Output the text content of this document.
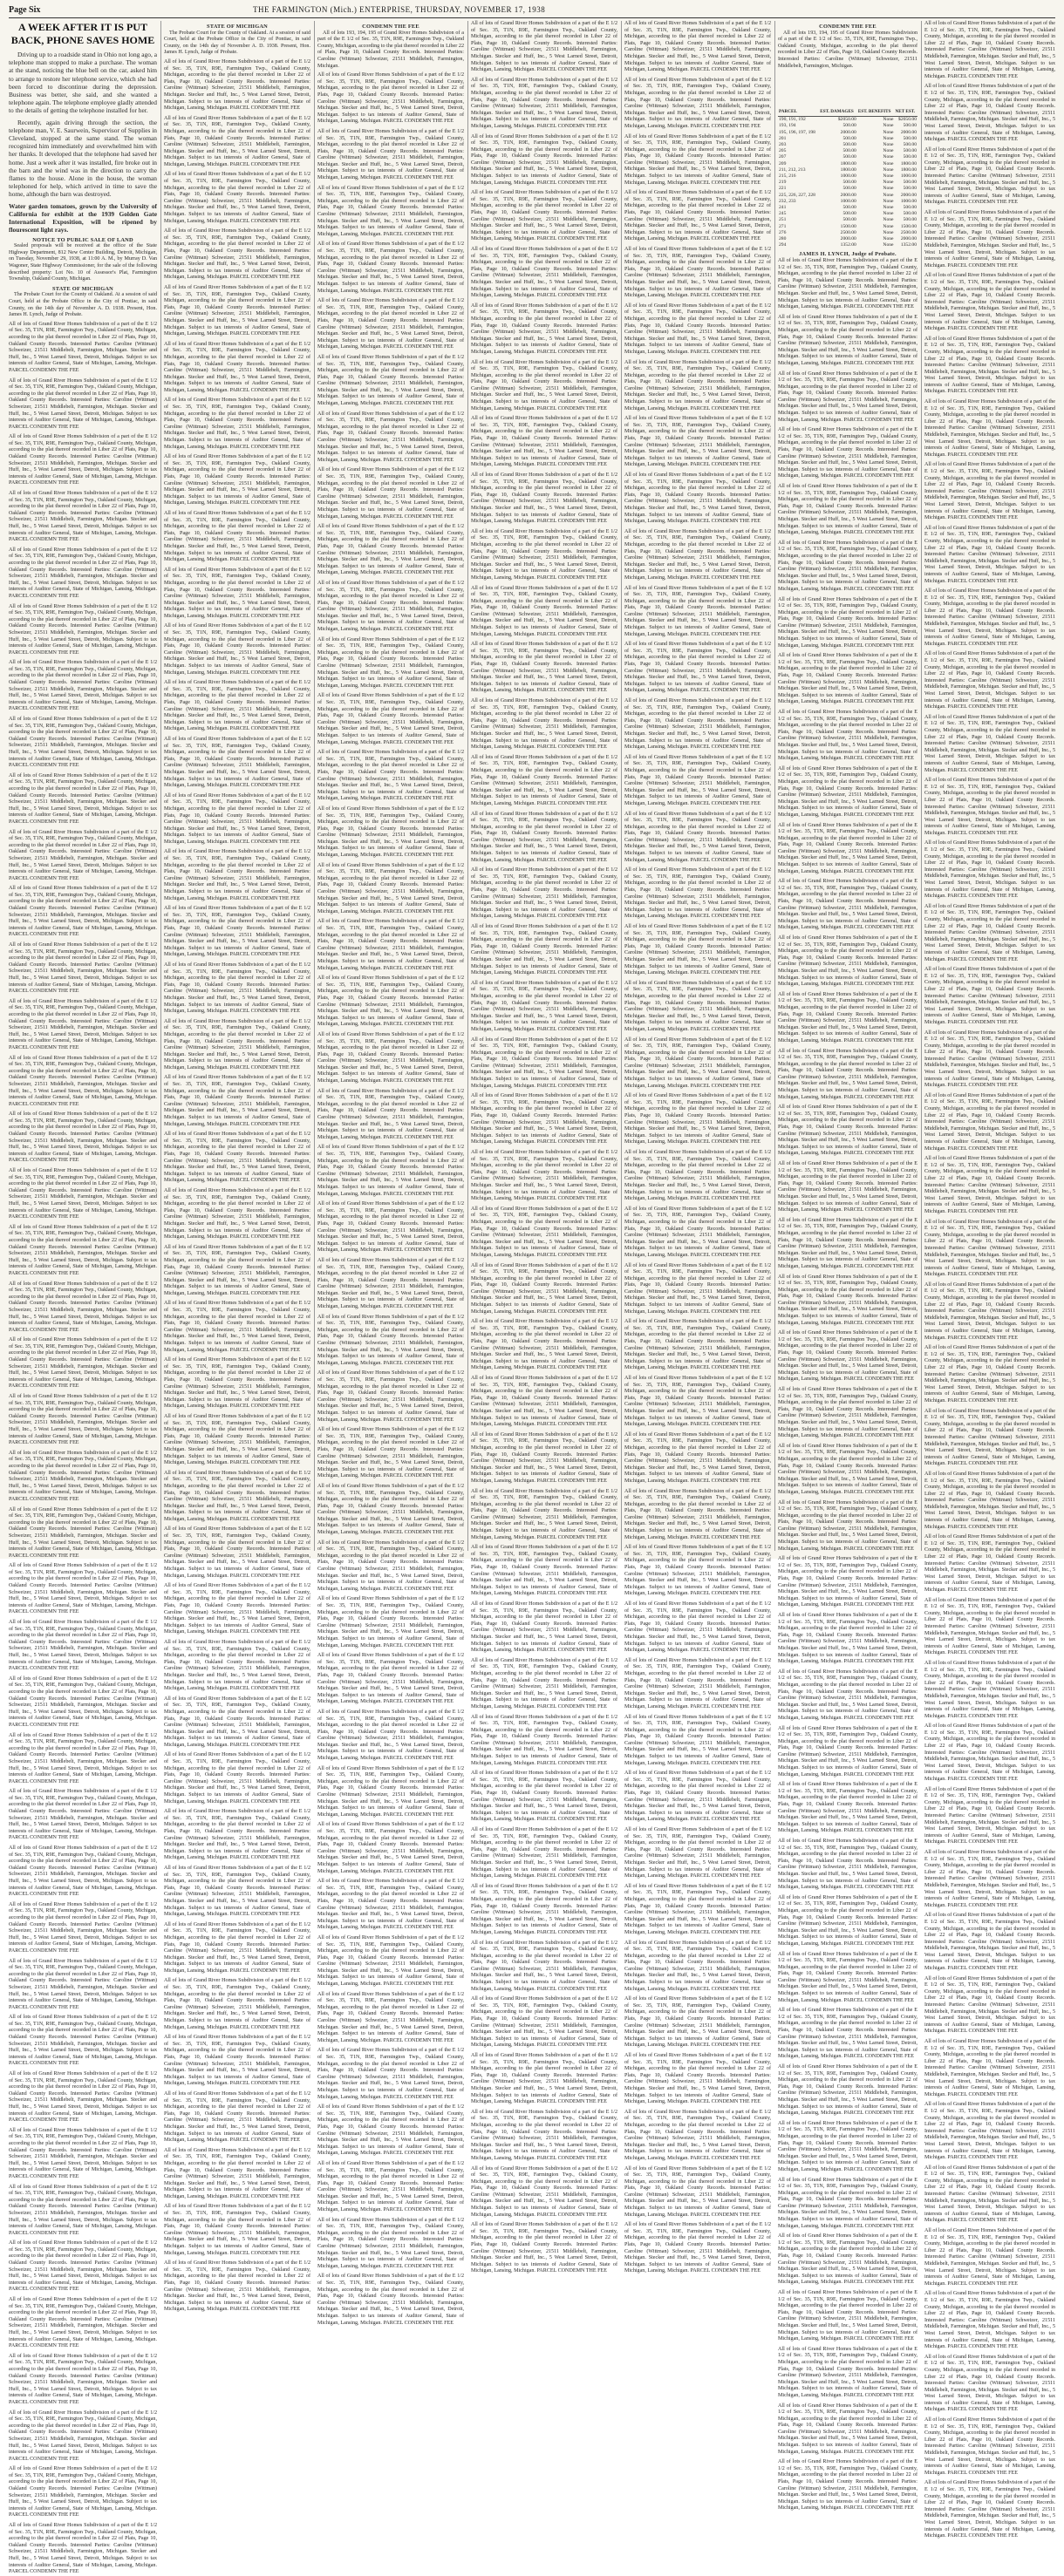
Page Six	THE FARMINGTON (Mich.) ENTERPRISE, THURSDAY, NOVEMBER 17, 1938
A WEEK AFTER IT IS PUT BACK, PHONE SAVES HOME

Driving up to a roadside stand in Ohio not long ago, a telephone man stopped to make a purchase. The woman at the stand, noticing the blue bell on the car, asked him to arrange to restore her telephone service, which she had been forced to discontinue during the depression. Business was better, she said, and she wanted a telephone again. The telephone employee gladly attended to the details of getting the telephone installed for her.

Recently, again driving through the section, the telephone man, V. E. Saurwein, Supervisor of Supplies in Cleveland, stopped at the same stand. The woman recognized him immediately and overwhelmed him with her thanks. It developed that the telephone had saved her home. Just a week after it was installed, fire broke out in the barn and the wind was in the direction to carry the flames to the house. Alone in the house, the woman telephoned for help, which arrived in time to save the home, although the barn was destroyed.

Water garden tomatoes, grown by the University of California for exhibit at the 1939 Golden Gate International Exposition, will be ripened by flourescent light rays.
NOTICE TO PUBLIC SALE OF LAND
Sealed proposals will be received at the office of the State Highway Department, 812 New Center Building, Detroit, Michigan, on Tuesday, November 29, 1938, at 11:00 A. M., by Murray D. Van Wagoner, State Highway Commissioner, for the sale of the following described property: Lot No. 10 of Assessor's Plat, Farmington Township, Oakland County, Michigan.
STATE OF MICHIGAN
The Probate Court for the County of Oakland. At a session of said Court, held at the Probate Office in the City of Pontiac, in said County, on the 14th day of November A. D. 1938. Present, Hon. James H. Lynch, Judge of Probate.

All of lots of Grand River Homes Subdivision of a part of the E 1/2 of Sec. 35, T1N, R9E, Farmington Twp., Oakland County, Michigan, according to the plat thereof recorded in Liber 22 of Plats, Page 10, Oakland County Records. Interested Parties: Caroline (Wittman) Schweizer, 21511 Middlebelt, Farmington, Michigan. Stecker and Huff, Inc., 5 West Larned Street, Detroit, Michigan. Subject to tax interests of Auditor General, State of Michigan, Lansing, Michigan. PARCEL CONDEMN THE FEE

All of lots of Grand River Homes Subdivision of a part of the E 1/2 of Sec. 35, T1N, R9E, Farmington Twp., Oakland County, Michigan, according to the plat thereof recorded in Liber 22 of Plats, Page 10, Oakland County Records. Interested Parties: Caroline (Wittman) Schweizer, 21511 Middlebelt, Farmington, Michigan. Stecker and Huff, Inc., 5 West Larned Street, Detroit, Michigan. Subject to tax interests of Auditor General, State of Michigan, Lansing, Michigan. PARCEL CONDEMN THE FEE

All of lots of Grand River Homes Subdivision of a part of the E 1/2 of Sec. 35, T1N, R9E, Farmington Twp., Oakland County, Michigan, according to the plat thereof recorded in Liber 22 of Plats, Page 10, Oakland County Records. Interested Parties: Caroline (Wittman) Schweizer, 21511 Middlebelt, Farmington, Michigan. Stecker and Huff, Inc., 5 West Larned Street, Detroit, Michigan. Subject to tax interests of Auditor General, State of Michigan, Lansing, Michigan. PARCEL CONDEMN THE FEE

All of lots of Grand River Homes Subdivision of a part of the E 1/2 of Sec. 35, T1N, R9E, Farmington Twp., Oakland County, Michigan, according to the plat thereof recorded in Liber 22 of Plats, Page 10, Oakland County Records. Interested Parties: Caroline (Wittman) Schweizer, 21511 Middlebelt, Farmington, Michigan. Stecker and Huff, Inc., 5 West Larned Street, Detroit, Michigan. Subject to tax interests of Auditor General, State of Michigan, Lansing, Michigan. PARCEL CONDEMN THE FEE

All of lots of Grand River Homes Subdivision of a part of the E 1/2 of Sec. 35, T1N, R9E, Farmington Twp., Oakland County, Michigan, according to the plat thereof recorded in Liber 22 of Plats, Page 10, Oakland County Records. Interested Parties: Caroline (Wittman) Schweizer, 21511 Middlebelt, Farmington, Michigan. Stecker and Huff, Inc., 5 West Larned Street, Detroit, Michigan. Subject to tax interests of Auditor General, State of Michigan, Lansing, Michigan. PARCEL CONDEMN THE FEE

All of lots of Grand River Homes Subdivision of a part of the E 1/2 of Sec. 35, T1N, R9E, Farmington Twp., Oakland County, Michigan, according to the plat thereof recorded in Liber 22 of Plats, Page 10, Oakland County Records. Interested Parties: Caroline (Wittman) Schweizer, 21511 Middlebelt, Farmington, Michigan. Stecker and Huff, Inc., 5 West Larned Street, Detroit, Michigan. Subject to tax interests of Auditor General, State of Michigan, Lansing, Michigan. PARCEL CONDEMN THE FEE

All of lots of Grand River Homes Subdivision of a part of the E 1/2 of Sec. 35, T1N, R9E, Farmington Twp., Oakland County, Michigan, according to the plat thereof recorded in Liber 22 of Plats, Page 10, Oakland County Records. Interested Parties: Caroline (Wittman) Schweizer, 21511 Middlebelt, Farmington, Michigan. Stecker and Huff, Inc., 5 West Larned Street, Detroit, Michigan. Subject to tax interests of Auditor General, State of Michigan, Lansing, Michigan. PARCEL CONDEMN THE FEE

All of lots of Grand River Homes Subdivision of a part of the E 1/2 of Sec. 35, T1N, R9E, Farmington Twp., Oakland County, Michigan, according to the plat thereof recorded in Liber 22 of Plats, Page 10, Oakland County Records. Interested Parties: Caroline (Wittman) Schweizer, 21511 Middlebelt, Farmington, Michigan. Stecker and Huff, Inc., 5 West Larned Street, Detroit, Michigan. Subject to tax interests of Auditor General, State of Michigan, Lansing, Michigan. PARCEL CONDEMN THE FEE

All of lots of Grand River Homes Subdivision of a part of the E 1/2 of Sec. 35, T1N, R9E, Farmington Twp., Oakland County, Michigan, according to the plat thereof recorded in Liber 22 of Plats, Page 10, Oakland County Records. Interested Parties: Caroline (Wittman) Schweizer, 21511 Middlebelt, Farmington, Michigan. Stecker and Huff, Inc., 5 West Larned Street, Detroit, Michigan. Subject to tax interests of Auditor General, State of Michigan, Lansing, Michigan. PARCEL CONDEMN THE FEE

All of lots of Grand River Homes Subdivision of a part of the E 1/2 of Sec. 35, T1N, R9E, Farmington Twp., Oakland County, Michigan, according to the plat thereof recorded in Liber 22 of Plats, Page 10, Oakland County Records. Interested Parties: Caroline (Wittman) Schweizer, 21511 Middlebelt, Farmington, Michigan. Stecker and Huff, Inc., 5 West Larned Street, Detroit, Michigan. Subject to tax interests of Auditor General, State of Michigan, Lansing, Michigan. PARCEL CONDEMN THE FEE

All of lots of Grand River Homes Subdivision of a part of the E 1/2 of Sec. 35, T1N, R9E, Farmington Twp., Oakland County, Michigan, according to the plat thereof recorded in Liber 22 of Plats, Page 10, Oakland County Records. Interested Parties: Caroline (Wittman) Schweizer, 21511 Middlebelt, Farmington, Michigan. Stecker and Huff, Inc., 5 West Larned Street, Detroit, Michigan. Subject to tax interests of Auditor General, State of Michigan, Lansing, Michigan. PARCEL CONDEMN THE FEE

All of lots of Grand River Homes Subdivision of a part of the E 1/2 of Sec. 35, T1N, R9E, Farmington Twp., Oakland County, Michigan, according to the plat thereof recorded in Liber 22 of Plats, Page 10, Oakland County Records. Interested Parties: Caroline (Wittman) Schweizer, 21511 Middlebelt, Farmington, Michigan. Stecker and Huff, Inc., 5 West Larned Street, Detroit, Michigan. Subject to tax interests of Auditor General, State of Michigan, Lansing, Michigan. PARCEL CONDEMN THE FEE

All of lots of Grand River Homes Subdivision of a part of the E 1/2 of Sec. 35, T1N, R9E, Farmington Twp., Oakland County, Michigan, according to the plat thereof recorded in Liber 22 of Plats, Page 10, Oakland County Records. Interested Parties: Caroline (Wittman) Schweizer, 21511 Middlebelt, Farmington, Michigan. Stecker and Huff, Inc., 5 West Larned Street, Detroit, Michigan. Subject to tax interests of Auditor General, State of Michigan, Lansing, Michigan. PARCEL CONDEMN THE FEE

All of lots of Grand River Homes Subdivision of a part of the E 1/2 of Sec. 35, T1N, R9E, Farmington Twp., Oakland County, Michigan, according to the plat thereof recorded in Liber 22 of Plats, Page 10, Oakland County Records. Interested Parties: Caroline (Wittman) Schweizer, 21511 Middlebelt, Farmington, Michigan. Stecker and Huff, Inc., 5 West Larned Street, Detroit, Michigan. Subject to tax interests of Auditor General, State of Michigan, Lansing, Michigan. PARCEL CONDEMN THE FEE

All of lots of Grand River Homes Subdivision of a part of the E 1/2 of Sec. 35, T1N, R9E, Farmington Twp., Oakland County, Michigan, according to the plat thereof recorded in Liber 22 of Plats, Page 10, Oakland County Records. Interested Parties: Caroline (Wittman) Schweizer, 21511 Middlebelt, Farmington, Michigan. Stecker and Huff, Inc., 5 West Larned Street, Detroit, Michigan. Subject to tax interests of Auditor General, State of Michigan, Lansing, Michigan. PARCEL CONDEMN THE FEE

All of lots of Grand River Homes Subdivision of a part of the E 1/2 of Sec. 35, T1N, R9E, Farmington Twp., Oakland County, Michigan, according to the plat thereof recorded in Liber 22 of Plats, Page 10, Oakland County Records. Interested Parties: Caroline (Wittman) Schweizer, 21511 Middlebelt, Farmington, Michigan. Stecker and Huff, Inc., 5 West Larned Street, Detroit, Michigan. Subject to tax interests of Auditor General, State of Michigan, Lansing, Michigan. PARCEL CONDEMN THE FEE

All of lots of Grand River Homes Subdivision of a part of the E 1/2 of Sec. 35, T1N, R9E, Farmington Twp., Oakland County, Michigan, according to the plat thereof recorded in Liber 22 of Plats, Page 10, Oakland County Records. Interested Parties: Caroline (Wittman) Schweizer, 21511 Middlebelt, Farmington, Michigan. Stecker and Huff, Inc., 5 West Larned Street, Detroit, Michigan. Subject to tax interests of Auditor General, State of Michigan, Lansing, Michigan. PARCEL CONDEMN THE FEE

All of lots of Grand River Homes Subdivision of a part of the E 1/2 of Sec. 35, T1N, R9E, Farmington Twp., Oakland County, Michigan, according to the plat thereof recorded in Liber 22 of Plats, Page 10, Oakland County Records. Interested Parties: Caroline (Wittman) Schweizer, 21511 Middlebelt, Farmington, Michigan. Stecker and Huff, Inc., 5 West Larned Street, Detroit, Michigan. Subject to tax interests of Auditor General, State of Michigan, Lansing, Michigan. PARCEL CONDEMN THE FEE

All of lots of Grand River Homes Subdivision of a part of the E 1/2 of Sec. 35, T1N, R9E, Farmington Twp., Oakland County, Michigan, according to the plat thereof recorded in Liber 22 of Plats, Page 10, Oakland County Records. Interested Parties: Caroline (Wittman) Schweizer, 21511 Middlebelt, Farmington, Michigan. Stecker and Huff, Inc., 5 West Larned Street, Detroit, Michigan. Subject to tax interests of Auditor General, State of Michigan, Lansing, Michigan. PARCEL CONDEMN THE FEE

All of lots of Grand River Homes Subdivision of a part of the E 1/2 of Sec. 35, T1N, R9E, Farmington Twp., Oakland County, Michigan, according to the plat thereof recorded in Liber 22 of Plats, Page 10, Oakland County Records. Interested Parties: Caroline (Wittman) Schweizer, 21511 Middlebelt, Farmington, Michigan. Stecker and Huff, Inc., 5 West Larned Street, Detroit, Michigan. Subject to tax interests of Auditor General, State of Michigan, Lansing, Michigan. PARCEL CONDEMN THE FEE

All of lots of Grand River Homes Subdivision of a part of the E 1/2 of Sec. 35, T1N, R9E, Farmington Twp., Oakland County, Michigan, according to the plat thereof recorded in Liber 22 of Plats, Page 10, Oakland County Records. Interested Parties: Caroline (Wittman) Schweizer, 21511 Middlebelt, Farmington, Michigan. Stecker and Huff, Inc., 5 West Larned Street, Detroit, Michigan. Subject to tax interests of Auditor General, State of Michigan, Lansing, Michigan. PARCEL CONDEMN THE FEE

All of lots of Grand River Homes Subdivision of a part of the E 1/2 of Sec. 35, T1N, R9E, Farmington Twp., Oakland County, Michigan, according to the plat thereof recorded in Liber 22 of Plats, Page 10, Oakland County Records. Interested Parties: Caroline (Wittman) Schweizer, 21511 Middlebelt, Farmington, Michigan. Stecker and Huff, Inc., 5 West Larned Street, Detroit, Michigan. Subject to tax interests of Auditor General, State of Michigan, Lansing, Michigan. PARCEL CONDEMN THE FEE

All of lots of Grand River Homes Subdivision of a part of the E 1/2 of Sec. 35, T1N, R9E, Farmington Twp., Oakland County, Michigan, according to the plat thereof recorded in Liber 22 of Plats, Page 10, Oakland County Records. Interested Parties: Caroline (Wittman) Schweizer, 21511 Middlebelt, Farmington, Michigan. Stecker and Huff, Inc., 5 West Larned Street, Detroit, Michigan. Subject to tax interests of Auditor General, State of Michigan, Lansing, Michigan. PARCEL CONDEMN THE FEE

All of lots of Grand River Homes Subdivision of a part of the E 1/2 of Sec. 35, T1N, R9E, Farmington Twp., Oakland County, Michigan, according to the plat thereof recorded in Liber 22 of Plats, Page 10, Oakland County Records. Interested Parties: Caroline (Wittman) Schweizer, 21511 Middlebelt, Farmington, Michigan. Stecker and Huff, Inc., 5 West Larned Street, Detroit, Michigan. Subject to tax interests of Auditor General, State of Michigan, Lansing, Michigan. PARCEL CONDEMN THE FEE

All of lots of Grand River Homes Subdivision of a part of the E 1/2 of Sec. 35, T1N, R9E, Farmington Twp., Oakland County, Michigan, according to the plat thereof recorded in Liber 22 of Plats, Page 10, Oakland County Records. Interested Parties: Caroline (Wittman) Schweizer, 21511 Middlebelt, Farmington, Michigan. Stecker and Huff, Inc., 5 West Larned Street, Detroit, Michigan. Subject to tax interests of Auditor General, State of Michigan, Lansing, Michigan. PARCEL CONDEMN THE FEE

All of lots of Grand River Homes Subdivision of a part of the E 1/2 of Sec. 35, T1N, R9E, Farmington Twp., Oakland County, Michigan, according to the plat thereof recorded in Liber 22 of Plats, Page 10, Oakland County Records. Interested Parties: Caroline (Wittman) Schweizer, 21511 Middlebelt, Farmington, Michigan. Stecker and Huff, Inc., 5 West Larned Street, Detroit, Michigan. Subject to tax interests of Auditor General, State of Michigan, Lansing, Michigan. PARCEL CONDEMN THE FEE

All of lots of Grand River Homes Subdivision of a part of the E 1/2 of Sec. 35, T1N, R9E, Farmington Twp., Oakland County, Michigan, according to the plat thereof recorded in Liber 22 of Plats, Page 10, Oakland County Records. Interested Parties: Caroline (Wittman) Schweizer, 21511 Middlebelt, Farmington, Michigan. Stecker and Huff, Inc., 5 West Larned Street, Detroit, Michigan. Subject to tax interests of Auditor General, State of Michigan, Lansing, Michigan. PARCEL CONDEMN THE FEE

All of lots of Grand River Homes Subdivision of a part of the E 1/2 of Sec. 35, T1N, R9E, Farmington Twp., Oakland County, Michigan, according to the plat thereof recorded in Liber 22 of Plats, Page 10, Oakland County Records. Interested Parties: Caroline (Wittman) Schweizer, 21511 Middlebelt, Farmington, Michigan. Stecker and Huff, Inc., 5 West Larned Street, Detroit, Michigan. Subject to tax interests of Auditor General, State of Michigan, Lansing, Michigan. PARCEL CONDEMN THE FEE

All of lots of Grand River Homes Subdivision of a part of the E 1/2 of Sec. 35, T1N, R9E, Farmington Twp., Oakland County, Michigan, according to the plat thereof recorded in Liber 22 of Plats, Page 10, Oakland County Records. Interested Parties: Caroline (Wittman) Schweizer, 21511 Middlebelt, Farmington, Michigan. Stecker and Huff, Inc., 5 West Larned Street, Detroit, Michigan. Subject to tax interests of Auditor General, State of Michigan, Lansing, Michigan. PARCEL CONDEMN THE FEE

All of lots of Grand River Homes Subdivision of a part of the E 1/2 of Sec. 35, T1N, R9E, Farmington Twp., Oakland County, Michigan, according to the plat thereof recorded in Liber 22 of Plats, Page 10, Oakland County Records. Interested Parties: Caroline (Wittman) Schweizer, 21511 Middlebelt, Farmington, Michigan. Stecker and Huff, Inc., 5 West Larned Street, Detroit, Michigan. Subject to tax interests of Auditor General, State of Michigan, Lansing, Michigan. PARCEL CONDEMN THE FEE

All of lots of Grand River Homes Subdivision of a part of the E 1/2 of Sec. 35, T1N, R9E, Farmington Twp., Oakland County, Michigan, according to the plat thereof recorded in Liber 22 of Plats, Page 10, Oakland County Records. Interested Parties: Caroline (Wittman) Schweizer, 21511 Middlebelt, Farmington, Michigan. Stecker and Huff, Inc., 5 West Larned Street, Detroit, Michigan. Subject to tax interests of Auditor General, State of Michigan, Lansing, Michigan. PARCEL CONDEMN THE FEE

All of lots of Grand River Homes Subdivision of a part of the E 1/2 of Sec. 35, T1N, R9E, Farmington Twp., Oakland County, Michigan, according to the plat thereof recorded in Liber 22 of Plats, Page 10, Oakland County Records. Interested Parties: Caroline (Wittman) Schweizer, 21511 Middlebelt, Farmington, Michigan. Stecker and Huff, Inc., 5 West Larned Street, Detroit, Michigan. Subject to tax interests of Auditor General, State of Michigan, Lansing, Michigan. PARCEL CONDEMN THE FEE

All of lots of Grand River Homes Subdivision of a part of the E 1/2 of Sec. 35, T1N, R9E, Farmington Twp., Oakland County, Michigan, according to the plat thereof recorded in Liber 22 of Plats, Page 10, Oakland County Records. Interested Parties: Caroline (Wittman) Schweizer, 21511 Middlebelt, Farmington, Michigan. Stecker and Huff, Inc., 5 West Larned Street, Detroit, Michigan. Subject to tax interests of Auditor General, State of Michigan, Lansing, Michigan. PARCEL CONDEMN THE FEE

All of lots of Grand River Homes Subdivision of a part of the E 1/2 of Sec. 35, T1N, R9E, Farmington Twp., Oakland County, Michigan, according to the plat thereof recorded in Liber 22 of Plats, Page 10, Oakland County Records. Interested Parties: Caroline (Wittman) Schweizer, 21511 Middlebelt, Farmington, Michigan. Stecker and Huff, Inc., 5 West Larned Street, Detroit, Michigan. Subject to tax interests of Auditor General, State of Michigan, Lansing, Michigan. PARCEL CONDEMN THE FEE

All of lots of Grand River Homes Subdivision of a part of the E 1/2 of Sec. 35, T1N, R9E, Farmington Twp., Oakland County, Michigan, according to the plat thereof recorded in Liber 22 of Plats, Page 10, Oakland County Records. Interested Parties: Caroline (Wittman) Schweizer, 21511 Middlebelt, Farmington, Michigan. Stecker and Huff, Inc., 5 West Larned Street, Detroit, Michigan. Subject to tax interests of Auditor General, State of Michigan, Lansing, Michigan. PARCEL CONDEMN THE FEE

All of lots of Grand River Homes Subdivision of a part of the E 1/2 of Sec. 35, T1N, R9E, Farmington Twp., Oakland County, Michigan, according to the plat thereof recorded in Liber 22 of Plats, Page 10, Oakland County Records. Interested Parties: Caroline (Wittman) Schweizer, 21511 Middlebelt, Farmington, Michigan. Stecker and Huff, Inc., 5 West Larned Street, Detroit, Michigan. Subject to tax interests of Auditor General, State of Michigan, Lansing, Michigan. PARCEL CONDEMN THE FEE

All of lots of Grand River Homes Subdivision of a part of the E 1/2 of Sec. 35, T1N, R9E, Farmington Twp., Oakland County, Michigan, according to the plat thereof recorded in Liber 22 of Plats, Page 10, Oakland County Records. Interested Parties: Caroline (Wittman) Schweizer, 21511 Middlebelt, Farmington, Michigan. Stecker and Huff, Inc., 5 West Larned Street, Detroit, Michigan. Subject to tax interests of Auditor General, State of Michigan, Lansing, Michigan. PARCEL CONDEMN THE FEE

All of lots of Grand River Homes Subdivision of a part of the E 1/2 of Sec. 35, T1N, R9E, Farmington Twp., Oakland County, Michigan, according to the plat thereof recorded in Liber 22 of Plats, Page 10, Oakland County Records. Interested Parties: Caroline (Wittman) Schweizer, 21511 Middlebelt, Farmington, Michigan. Stecker and Huff, Inc., 5 West Larned Street, Detroit, Michigan. Subject to tax interests of Auditor General, State of Michigan, Lansing, Michigan. PARCEL CONDEMN THE FEE

All of lots of Grand River Homes Subdivision of a part of the E 1/2 of Sec. 35, T1N, R9E, Farmington Twp., Oakland County, Michigan, according to the plat thereof recorded in Liber 22 of Plats, Page 10, Oakland County Records. Interested Parties: Caroline (Wittman) Schweizer, 21511 Middlebelt, Farmington, Michigan. Stecker and Huff, Inc., 5 West Larned Street, Detroit, Michigan. Subject to tax interests of Auditor General, State of Michigan, Lansing, Michigan. PARCEL CONDEMN THE FEE

All of lots of Grand River Homes Subdivision of a part of the E 1/2 of Sec. 35, T1N, R9E, Farmington Twp., Oakland County, Michigan, according to the plat thereof recorded in Liber 22 of Plats, Page 10, Oakland County Records. Interested Parties: Caroline (Wittman) Schweizer, 21511 Middlebelt, Farmington, Michigan. Stecker and Huff, Inc., 5 West Larned Street, Detroit, Michigan. Subject to tax interests of Auditor General, State of Michigan, Lansing, Michigan. PARCEL CONDEMN THE FEE

STATE OF MICHIGAN
The Probate Court for the County of Oakland. At a session of said Court, held at the Probate Office in the City of Pontiac, in said County, on the 14th day of November A. D. 1938. Present, Hon. James H. Lynch, Judge of Probate.

All of lots of Grand River Homes Subdivision of a part of the E 1/2 of Sec. 35, T1N, R9E, Farmington Twp., Oakland County, Michigan, according to the plat thereof recorded in Liber 22 of Plats, Page 10, Oakland County Records. Interested Parties: Caroline (Wittman) Schweizer, 21511 Middlebelt, Farmington, Michigan. Stecker and Huff, Inc., 5 West Larned Street, Detroit, Michigan. Subject to tax interests of Auditor General, State of Michigan, Lansing, Michigan. PARCEL CONDEMN THE FEE

All of lots of Grand River Homes Subdivision of a part of the E 1/2 of Sec. 35, T1N, R9E, Farmington Twp., Oakland County, Michigan, according to the plat thereof recorded in Liber 22 of Plats, Page 10, Oakland County Records. Interested Parties: Caroline (Wittman) Schweizer, 21511 Middlebelt, Farmington, Michigan. Stecker and Huff, Inc., 5 West Larned Street, Detroit, Michigan. Subject to tax interests of Auditor General, State of Michigan, Lansing, Michigan. PARCEL CONDEMN THE FEE

All of lots of Grand River Homes Subdivision of a part of the E 1/2 of Sec. 35, T1N, R9E, Farmington Twp., Oakland County, Michigan, according to the plat thereof recorded in Liber 22 of Plats, Page 10, Oakland County Records. Interested Parties: Caroline (Wittman) Schweizer, 21511 Middlebelt, Farmington, Michigan. Stecker and Huff, Inc., 5 West Larned Street, Detroit, Michigan. Subject to tax interests of Auditor General, State of Michigan, Lansing, Michigan. PARCEL CONDEMN THE FEE

All of lots of Grand River Homes Subdivision of a part of the E 1/2 of Sec. 35, T1N, R9E, Farmington Twp., Oakland County, Michigan, according to the plat thereof recorded in Liber 22 of Plats, Page 10, Oakland County Records. Interested Parties: Caroline (Wittman) Schweizer, 21511 Middlebelt, Farmington, Michigan. Stecker and Huff, Inc., 5 West Larned Street, Detroit, Michigan. Subject to tax interests of Auditor General, State of Michigan, Lansing, Michigan. PARCEL CONDEMN THE FEE

All of lots of Grand River Homes Subdivision of a part of the E 1/2 of Sec. 35, T1N, R9E, Farmington Twp., Oakland County, Michigan, according to the plat thereof recorded in Liber 22 of Plats, Page 10, Oakland County Records. Interested Parties: Caroline (Wittman) Schweizer, 21511 Middlebelt, Farmington, Michigan. Stecker and Huff, Inc., 5 West Larned Street, Detroit, Michigan. Subject to tax interests of Auditor General, State of Michigan, Lansing, Michigan. PARCEL CONDEMN THE FEE

All of lots of Grand River Homes Subdivision of a part of the E 1/2 of Sec. 35, T1N, R9E, Farmington Twp., Oakland County, Michigan, according to the plat thereof recorded in Liber 22 of Plats, Page 10, Oakland County Records. Interested Parties: Caroline (Wittman) Schweizer, 21511 Middlebelt, Farmington, Michigan. Stecker and Huff, Inc., 5 West Larned Street, Detroit, Michigan. Subject to tax interests of Auditor General, State of Michigan, Lansing, Michigan. PARCEL CONDEMN THE FEE

All of lots of Grand River Homes Subdivision of a part of the E 1/2 of Sec. 35, T1N, R9E, Farmington Twp., Oakland County, Michigan, according to the plat thereof recorded in Liber 22 of Plats, Page 10, Oakland County Records. Interested Parties: Caroline (Wittman) Schweizer, 21511 Middlebelt, Farmington, Michigan. Stecker and Huff, Inc., 5 West Larned Street, Detroit, Michigan. Subject to tax interests of Auditor General, State of Michigan, Lansing, Michigan. PARCEL CONDEMN THE FEE

All of lots of Grand River Homes Subdivision of a part of the E 1/2 of Sec. 35, T1N, R9E, Farmington Twp., Oakland County, Michigan, according to the plat thereof recorded in Liber 22 of Plats, Page 10, Oakland County Records. Interested Parties: Caroline (Wittman) Schweizer, 21511 Middlebelt, Farmington, Michigan. Stecker and Huff, Inc., 5 West Larned Street, Detroit, Michigan. Subject to tax interests of Auditor General, State of Michigan, Lansing, Michigan. PARCEL CONDEMN THE FEE

All of lots of Grand River Homes Subdivision of a part of the E 1/2 of Sec. 35, T1N, R9E, Farmington Twp., Oakland County, Michigan, according to the plat thereof recorded in Liber 22 of Plats, Page 10, Oakland County Records. Interested Parties: Caroline (Wittman) Schweizer, 21511 Middlebelt, Farmington, Michigan. Stecker and Huff, Inc., 5 West Larned Street, Detroit, Michigan. Subject to tax interests of Auditor General, State of Michigan, Lansing, Michigan. PARCEL CONDEMN THE FEE

All of lots of Grand River Homes Subdivision of a part of the E 1/2 of Sec. 35, T1N, R9E, Farmington Twp., Oakland County, Michigan, according to the plat thereof recorded in Liber 22 of Plats, Page 10, Oakland County Records. Interested Parties: Caroline (Wittman) Schweizer, 21511 Middlebelt, Farmington, Michigan. Stecker and Huff, Inc., 5 West Larned Street, Detroit, Michigan. Subject to tax interests of Auditor General, State of Michigan, Lansing, Michigan. PARCEL CONDEMN THE FEE

All of lots of Grand River Homes Subdivision of a part of the E 1/2 of Sec. 35, T1N, R9E, Farmington Twp., Oakland County, Michigan, according to the plat thereof recorded in Liber 22 of Plats, Page 10, Oakland County Records. Interested Parties: Caroline (Wittman) Schweizer, 21511 Middlebelt, Farmington, Michigan. Stecker and Huff, Inc., 5 West Larned Street, Detroit, Michigan. Subject to tax interests of Auditor General, State of Michigan, Lansing, Michigan. PARCEL CONDEMN THE FEE

All of lots of Grand River Homes Subdivision of a part of the E 1/2 of Sec. 35, T1N, R9E, Farmington Twp., Oakland County, Michigan, according to the plat thereof recorded in Liber 22 of Plats, Page 10, Oakland County Records. Interested Parties: Caroline (Wittman) Schweizer, 21511 Middlebelt, Farmington, Michigan. Stecker and Huff, Inc., 5 West Larned Street, Detroit, Michigan. Subject to tax interests of Auditor General, State of Michigan, Lansing, Michigan. PARCEL CONDEMN THE FEE

All of lots of Grand River Homes Subdivision of a part of the E 1/2 of Sec. 35, T1N, R9E, Farmington Twp., Oakland County, Michigan, according to the plat thereof recorded in Liber 22 of Plats, Page 10, Oakland County Records. Interested Parties: Caroline (Wittman) Schweizer, 21511 Middlebelt, Farmington, Michigan. Stecker and Huff, Inc., 5 West Larned Street, Detroit, Michigan. Subject to tax interests of Auditor General, State of Michigan, Lansing, Michigan. PARCEL CONDEMN THE FEE

All of lots of Grand River Homes Subdivision of a part of the E 1/2 of Sec. 35, T1N, R9E, Farmington Twp., Oakland County, Michigan, according to the plat thereof recorded in Liber 22 of Plats, Page 10, Oakland County Records. Interested Parties: Caroline (Wittman) Schweizer, 21511 Middlebelt, Farmington, Michigan. Stecker and Huff, Inc., 5 West Larned Street, Detroit, Michigan. Subject to tax interests of Auditor General, State of Michigan, Lansing, Michigan. PARCEL CONDEMN THE FEE

All of lots of Grand River Homes Subdivision of a part of the E 1/2 of Sec. 35, T1N, R9E, Farmington Twp., Oakland County, Michigan, according to the plat thereof recorded in Liber 22 of Plats, Page 10, Oakland County Records. Interested Parties: Caroline (Wittman) Schweizer, 21511 Middlebelt, Farmington, Michigan. Stecker and Huff, Inc., 5 West Larned Street, Detroit, Michigan. Subject to tax interests of Auditor General, State of Michigan, Lansing, Michigan. PARCEL CONDEMN THE FEE

All of lots of Grand River Homes Subdivision of a part of the E 1/2 of Sec. 35, T1N, R9E, Farmington Twp., Oakland County, Michigan, according to the plat thereof recorded in Liber 22 of Plats, Page 10, Oakland County Records. Interested Parties: Caroline (Wittman) Schweizer, 21511 Middlebelt, Farmington, Michigan. Stecker and Huff, Inc., 5 West Larned Street, Detroit, Michigan. Subject to tax interests of Auditor General, State of Michigan, Lansing, Michigan. PARCEL CONDEMN THE FEE

All of lots of Grand River Homes Subdivision of a part of the E 1/2 of Sec. 35, T1N, R9E, Farmington Twp., Oakland County, Michigan, according to the plat thereof recorded in Liber 22 of Plats, Page 10, Oakland County Records. Interested Parties: Caroline (Wittman) Schweizer, 21511 Middlebelt, Farmington, Michigan. Stecker and Huff, Inc., 5 West Larned Street, Detroit, Michigan. Subject to tax interests of Auditor General, State of Michigan, Lansing, Michigan. PARCEL CONDEMN THE FEE

All of lots of Grand River Homes Subdivision of a part of the E 1/2 of Sec. 35, T1N, R9E, Farmington Twp., Oakland County, Michigan, according to the plat thereof recorded in Liber 22 of Plats, Page 10, Oakland County Records. Interested Parties: Caroline (Wittman) Schweizer, 21511 Middlebelt, Farmington, Michigan. Stecker and Huff, Inc., 5 West Larned Street, Detroit, Michigan. Subject to tax interests of Auditor General, State of Michigan, Lansing, Michigan. PARCEL CONDEMN THE FEE

All of lots of Grand River Homes Subdivision of a part of the E 1/2 of Sec. 35, T1N, R9E, Farmington Twp., Oakland County, Michigan, according to the plat thereof recorded in Liber 22 of Plats, Page 10, Oakland County Records. Interested Parties: Caroline (Wittman) Schweizer, 21511 Middlebelt, Farmington, Michigan. Stecker and Huff, Inc., 5 West Larned Street, Detroit, Michigan. Subject to tax interests of Auditor General, State of Michigan, Lansing, Michigan. PARCEL CONDEMN THE FEE

All of lots of Grand River Homes Subdivision of a part of the E 1/2 of Sec. 35, T1N, R9E, Farmington Twp., Oakland County, Michigan, according to the plat thereof recorded in Liber 22 of Plats, Page 10, Oakland County Records. Interested Parties: Caroline (Wittman) Schweizer, 21511 Middlebelt, Farmington, Michigan. Stecker and Huff, Inc., 5 West Larned Street, Detroit, Michigan. Subject to tax interests of Auditor General, State of Michigan, Lansing, Michigan. PARCEL CONDEMN THE FEE

All of lots of Grand River Homes Subdivision of a part of the E 1/2 of Sec. 35, T1N, R9E, Farmington Twp., Oakland County, Michigan, according to the plat thereof recorded in Liber 22 of Plats, Page 10, Oakland County Records. Interested Parties: Caroline (Wittman) Schweizer, 21511 Middlebelt, Farmington, Michigan. Stecker and Huff, Inc., 5 West Larned Street, Detroit, Michigan. Subject to tax interests of Auditor General, State of Michigan, Lansing, Michigan. PARCEL CONDEMN THE FEE

All of lots of Grand River Homes Subdivision of a part of the E 1/2 of Sec. 35, T1N, R9E, Farmington Twp., Oakland County, Michigan, according to the plat thereof recorded in Liber 22 of Plats, Page 10, Oakland County Records. Interested Parties: Caroline (Wittman) Schweizer, 21511 Middlebelt, Farmington, Michigan. Stecker and Huff, Inc., 5 West Larned Street, Detroit, Michigan. Subject to tax interests of Auditor General, State of Michigan, Lansing, Michigan. PARCEL CONDEMN THE FEE

All of lots of Grand River Homes Subdivision of a part of the E 1/2 of Sec. 35, T1N, R9E, Farmington Twp., Oakland County, Michigan, according to the plat thereof recorded in Liber 22 of Plats, Page 10, Oakland County Records. Interested Parties: Caroline (Wittman) Schweizer, 21511 Middlebelt, Farmington, Michigan. Stecker and Huff, Inc., 5 West Larned Street, Detroit, Michigan. Subject to tax interests of Auditor General, State of Michigan, Lansing, Michigan. PARCEL CONDEMN THE FEE

All of lots of Grand River Homes Subdivision of a part of the E 1/2 of Sec. 35, T1N, R9E, Farmington Twp., Oakland County, Michigan, according to the plat thereof recorded in Liber 22 of Plats, Page 10, Oakland County Records. Interested Parties: Caroline (Wittman) Schweizer, 21511 Middlebelt, Farmington, Michigan. Stecker and Huff, Inc., 5 West Larned Street, Detroit, Michigan. Subject to tax interests of Auditor General, State of Michigan, Lansing, Michigan. PARCEL CONDEMN THE FEE

All of lots of Grand River Homes Subdivision of a part of the E 1/2 of Sec. 35, T1N, R9E, Farmington Twp., Oakland County, Michigan, according to the plat thereof recorded in Liber 22 of Plats, Page 10, Oakland County Records. Interested Parties: Caroline (Wittman) Schweizer, 21511 Middlebelt, Farmington, Michigan. Stecker and Huff, Inc., 5 West Larned Street, Detroit, Michigan. Subject to tax interests of Auditor General, State of Michigan, Lansing, Michigan. PARCEL CONDEMN THE FEE

All of lots of Grand River Homes Subdivision of a part of the E 1/2 of Sec. 35, T1N, R9E, Farmington Twp., Oakland County, Michigan, according to the plat thereof recorded in Liber 22 of Plats, Page 10, Oakland County Records. Interested Parties: Caroline (Wittman) Schweizer, 21511 Middlebelt, Farmington, Michigan. Stecker and Huff, Inc., 5 West Larned Street, Detroit, Michigan. Subject to tax interests of Auditor General, State of Michigan, Lansing, Michigan. PARCEL CONDEMN THE FEE

All of lots of Grand River Homes Subdivision of a part of the E 1/2 of Sec. 35, T1N, R9E, Farmington Twp., Oakland County, Michigan, according to the plat thereof recorded in Liber 22 of Plats, Page 10, Oakland County Records. Interested Parties: Caroline (Wittman) Schweizer, 21511 Middlebelt, Farmington, Michigan. Stecker and Huff, Inc., 5 West Larned Street, Detroit, Michigan. Subject to tax interests of Auditor General, State of Michigan, Lansing, Michigan. PARCEL CONDEMN THE FEE

All of lots of Grand River Homes Subdivision of a part of the E 1/2 of Sec. 35, T1N, R9E, Farmington Twp., Oakland County, Michigan, according to the plat thereof recorded in Liber 22 of Plats, Page 10, Oakland County Records. Interested Parties: Caroline (Wittman) Schweizer, 21511 Middlebelt, Farmington, Michigan. Stecker and Huff, Inc., 5 West Larned Street, Detroit, Michigan. Subject to tax interests of Auditor General, State of Michigan, Lansing, Michigan. PARCEL CONDEMN THE FEE

All of lots of Grand River Homes Subdivision of a part of the E 1/2 of Sec. 35, T1N, R9E, Farmington Twp., Oakland County, Michigan, according to the plat thereof recorded in Liber 22 of Plats, Page 10, Oakland County Records. Interested Parties: Caroline (Wittman) Schweizer, 21511 Middlebelt, Farmington, Michigan. Stecker and Huff, Inc., 5 West Larned Street, Detroit, Michigan. Subject to tax interests of Auditor General, State of Michigan, Lansing, Michigan. PARCEL CONDEMN THE FEE

All of lots of Grand River Homes Subdivision of a part of the E 1/2 of Sec. 35, T1N, R9E, Farmington Twp., Oakland County, Michigan, according to the plat thereof recorded in Liber 22 of Plats, Page 10, Oakland County Records. Interested Parties: Caroline (Wittman) Schweizer, 21511 Middlebelt, Farmington, Michigan. Stecker and Huff, Inc., 5 West Larned Street, Detroit, Michigan. Subject to tax interests of Auditor General, State of Michigan, Lansing, Michigan. PARCEL CONDEMN THE FEE

All of lots of Grand River Homes Subdivision of a part of the E 1/2 of Sec. 35, T1N, R9E, Farmington Twp., Oakland County, Michigan, according to the plat thereof recorded in Liber 22 of Plats, Page 10, Oakland County Records. Interested Parties: Caroline (Wittman) Schweizer, 21511 Middlebelt, Farmington, Michigan. Stecker and Huff, Inc., 5 West Larned Street, Detroit, Michigan. Subject to tax interests of Auditor General, State of Michigan, Lansing, Michigan. PARCEL CONDEMN THE FEE

All of lots of Grand River Homes Subdivision of a part of the E 1/2 of Sec. 35, T1N, R9E, Farmington Twp., Oakland County, Michigan, according to the plat thereof recorded in Liber 22 of Plats, Page 10, Oakland County Records. Interested Parties: Caroline (Wittman) Schweizer, 21511 Middlebelt, Farmington, Michigan. Stecker and Huff, Inc., 5 West Larned Street, Detroit, Michigan. Subject to tax interests of Auditor General, State of Michigan, Lansing, Michigan. PARCEL CONDEMN THE FEE

All of lots of Grand River Homes Subdivision of a part of the E 1/2 of Sec. 35, T1N, R9E, Farmington Twp., Oakland County, Michigan, according to the plat thereof recorded in Liber 22 of Plats, Page 10, Oakland County Records. Interested Parties: Caroline (Wittman) Schweizer, 21511 Middlebelt, Farmington, Michigan. Stecker and Huff, Inc., 5 West Larned Street, Detroit, Michigan. Subject to tax interests of Auditor General, State of Michigan, Lansing, Michigan. PARCEL CONDEMN THE FEE

All of lots of Grand River Homes Subdivision of a part of the E 1/2 of Sec. 35, T1N, R9E, Farmington Twp., Oakland County, Michigan, according to the plat thereof recorded in Liber 22 of Plats, Page 10, Oakland County Records. Interested Parties: Caroline (Wittman) Schweizer, 21511 Middlebelt, Farmington, Michigan. Stecker and Huff, Inc., 5 West Larned Street, Detroit, Michigan. Subject to tax interests of Auditor General, State of Michigan, Lansing, Michigan. PARCEL CONDEMN THE FEE

All of lots of Grand River Homes Subdivision of a part of the E 1/2 of Sec. 35, T1N, R9E, Farmington Twp., Oakland County, Michigan, according to the plat thereof recorded in Liber 22 of Plats, Page 10, Oakland County Records. Interested Parties: Caroline (Wittman) Schweizer, 21511 Middlebelt, Farmington, Michigan. Stecker and Huff, Inc., 5 West Larned Street, Detroit, Michigan. Subject to tax interests of Auditor General, State of Michigan, Lansing, Michigan. PARCEL CONDEMN THE FEE

All of lots of Grand River Homes Subdivision of a part of the E 1/2 of Sec. 35, T1N, R9E, Farmington Twp., Oakland County, Michigan, according to the plat thereof recorded in Liber 22 of Plats, Page 10, Oakland County Records. Interested Parties: Caroline (Wittman) Schweizer, 21511 Middlebelt, Farmington, Michigan. Stecker and Huff, Inc., 5 West Larned Street, Detroit, Michigan. Subject to tax interests of Auditor General, State of Michigan, Lansing, Michigan. PARCEL CONDEMN THE FEE

All of lots of Grand River Homes Subdivision of a part of the E 1/2 of Sec. 35, T1N, R9E, Farmington Twp., Oakland County, Michigan, according to the plat thereof recorded in Liber 22 of Plats, Page 10, Oakland County Records. Interested Parties: Caroline (Wittman) Schweizer, 21511 Middlebelt, Farmington, Michigan. Stecker and Huff, Inc., 5 West Larned Street, Detroit, Michigan. Subject to tax interests of Auditor General, State of Michigan, Lansing, Michigan. PARCEL CONDEMN THE FEE

All of lots of Grand River Homes Subdivision of a part of the E 1/2 of Sec. 35, T1N, R9E, Farmington Twp., Oakland County, Michigan, according to the plat thereof recorded in Liber 22 of Plats, Page 10, Oakland County Records. Interested Parties: Caroline (Wittman) Schweizer, 21511 Middlebelt, Farmington, Michigan. Stecker and Huff, Inc., 5 West Larned Street, Detroit, Michigan. Subject to tax interests of Auditor General, State of Michigan, Lansing, Michigan. PARCEL CONDEMN THE FEE

All of lots of Grand River Homes Subdivision of a part of the E 1/2 of Sec. 35, T1N, R9E, Farmington Twp., Oakland County, Michigan, according to the plat thereof recorded in Liber 22 of Plats, Page 10, Oakland County Records. Interested Parties: Caroline (Wittman) Schweizer, 21511 Middlebelt, Farmington, Michigan. Stecker and Huff, Inc., 5 West Larned Street, Detroit, Michigan. Subject to tax interests of Auditor General, State of Michigan, Lansing, Michigan. PARCEL CONDEMN THE FEE

All of lots of Grand River Homes Subdivision of a part of the E 1/2 of Sec. 35, T1N, R9E, Farmington Twp., Oakland County, Michigan, according to the plat thereof recorded in Liber 22 of Plats, Page 10, Oakland County Records. Interested Parties: Caroline (Wittman) Schweizer, 21511 Middlebelt, Farmington, Michigan. Stecker and Huff, Inc., 5 West Larned Street, Detroit, Michigan. Subject to tax interests of Auditor General, State of Michigan, Lansing, Michigan. PARCEL CONDEMN THE FEE

CONDEMN THE FEE
All of lots 193, 194, 195 of Grand River Homes Subdivision of a part of the E 1/2 of Sec. 35, T1N, R9E, Farmington Twp., Oakland County, Michigan, according to the plat thereof recorded in Liber 22 of Plats, Page 10, Oakland County Records. Interested Parties: Caroline (Wittman) Schweizer, 21511 Middlebelt, Farmington, Michigan.

All of lots of Grand River Homes Subdivision of a part of the E 1/2 of Sec. 35, T1N, R9E, Farmington Twp., Oakland County, Michigan, according to the plat thereof recorded in Liber 22 of Plats, Page 10, Oakland County Records. Interested Parties: Caroline (Wittman) Schweizer, 21511 Middlebelt, Farmington, Michigan. Stecker and Huff, Inc., 5 West Larned Street, Detroit, Michigan. Subject to tax interests of Auditor General, State of Michigan, Lansing, Michigan. PARCEL CONDEMN THE FEE

All of lots of Grand River Homes Subdivision of a part of the E 1/2 of Sec. 35, T1N, R9E, Farmington Twp., Oakland County, Michigan, according to the plat thereof recorded in Liber 22 of Plats, Page 10, Oakland County Records. Interested Parties: Caroline (Wittman) Schweizer, 21511 Middlebelt, Farmington, Michigan. Stecker and Huff, Inc., 5 West Larned Street, Detroit, Michigan. Subject to tax interests of Auditor General, State of Michigan, Lansing, Michigan. PARCEL CONDEMN THE FEE

All of lots of Grand River Homes Subdivision of a part of the E 1/2 of Sec. 35, T1N, R9E, Farmington Twp., Oakland County, Michigan, according to the plat thereof recorded in Liber 22 of Plats, Page 10, Oakland County Records. Interested Parties: Caroline (Wittman) Schweizer, 21511 Middlebelt, Farmington, Michigan. Stecker and Huff, Inc., 5 West Larned Street, Detroit, Michigan. Subject to tax interests of Auditor General, State of Michigan, Lansing, Michigan. PARCEL CONDEMN THE FEE

All of lots of Grand River Homes Subdivision of a part of the E 1/2 of Sec. 35, T1N, R9E, Farmington Twp., Oakland County, Michigan, according to the plat thereof recorded in Liber 22 of Plats, Page 10, Oakland County Records. Interested Parties: Caroline (Wittman) Schweizer, 21511 Middlebelt, Farmington, Michigan. Stecker and Huff, Inc., 5 West Larned Street, Detroit, Michigan. Subject to tax interests of Auditor General, State of Michigan, Lansing, Michigan. PARCEL CONDEMN THE FEE

All of lots of Grand River Homes Subdivision of a part of the E 1/2 of Sec. 35, T1N, R9E, Farmington Twp., Oakland County, Michigan, according to the plat thereof recorded in Liber 22 of Plats, Page 10, Oakland County Records. Interested Parties: Caroline (Wittman) Schweizer, 21511 Middlebelt, Farmington, Michigan. Stecker and Huff, Inc., 5 West Larned Street, Detroit, Michigan. Subject to tax interests of Auditor General, State of Michigan, Lansing, Michigan. PARCEL CONDEMN THE FEE

All of lots of Grand River Homes Subdivision of a part of the E 1/2 of Sec. 35, T1N, R9E, Farmington Twp., Oakland County, Michigan, according to the plat thereof recorded in Liber 22 of Plats, Page 10, Oakland County Records. Interested Parties: Caroline (Wittman) Schweizer, 21511 Middlebelt, Farmington, Michigan. Stecker and Huff, Inc., 5 West Larned Street, Detroit, Michigan. Subject to tax interests of Auditor General, State of Michigan, Lansing, Michigan. PARCEL CONDEMN THE FEE

All of lots of Grand River Homes Subdivision of a part of the E 1/2 of Sec. 35, T1N, R9E, Farmington Twp., Oakland County, Michigan, according to the plat thereof recorded in Liber 22 of Plats, Page 10, Oakland County Records. Interested Parties: Caroline (Wittman) Schweizer, 21511 Middlebelt, Farmington, Michigan. Stecker and Huff, Inc., 5 West Larned Street, Detroit, Michigan. Subject to tax interests of Auditor General, State of Michigan, Lansing, Michigan. PARCEL CONDEMN THE FEE

All of lots of Grand River Homes Subdivision of a part of the E 1/2 of Sec. 35, T1N, R9E, Farmington Twp., Oakland County, Michigan, according to the plat thereof recorded in Liber 22 of Plats, Page 10, Oakland County Records. Interested Parties: Caroline (Wittman) Schweizer, 21511 Middlebelt, Farmington, Michigan. Stecker and Huff, Inc., 5 West Larned Street, Detroit, Michigan. Subject to tax interests of Auditor General, State of Michigan, Lansing, Michigan. PARCEL CONDEMN THE FEE

All of lots of Grand River Homes Subdivision of a part of the E 1/2 of Sec. 35, T1N, R9E, Farmington Twp., Oakland County, Michigan, according to the plat thereof recorded in Liber 22 of Plats, Page 10, Oakland County Records. Interested Parties: Caroline (Wittman) Schweizer, 21511 Middlebelt, Farmington, Michigan. Stecker and Huff, Inc., 5 West Larned Street, Detroit, Michigan. Subject to tax interests of Auditor General, State of Michigan, Lansing, Michigan. PARCEL CONDEMN THE FEE

All of lots of Grand River Homes Subdivision of a part of the E 1/2 of Sec. 35, T1N, R9E, Farmington Twp., Oakland County, Michigan, according to the plat thereof recorded in Liber 22 of Plats, Page 10, Oakland County Records. Interested Parties: Caroline (Wittman) Schweizer, 21511 Middlebelt, Farmington, Michigan. Stecker and Huff, Inc., 5 West Larned Street, Detroit, Michigan. Subject to tax interests of Auditor General, State of Michigan, Lansing, Michigan. PARCEL CONDEMN THE FEE

All of lots of Grand River Homes Subdivision of a part of the E 1/2 of Sec. 35, T1N, R9E, Farmington Twp., Oakland County, Michigan, according to the plat thereof recorded in Liber 22 of Plats, Page 10, Oakland County Records. Interested Parties: Caroline (Wittman) Schweizer, 21511 Middlebelt, Farmington, Michigan. Stecker and Huff, Inc., 5 West Larned Street, Detroit, Michigan. Subject to tax interests of Auditor General, State of Michigan, Lansing, Michigan. PARCEL CONDEMN THE FEE

All of lots of Grand River Homes Subdivision of a part of the E 1/2 of Sec. 35, T1N, R9E, Farmington Twp., Oakland County, Michigan, according to the plat thereof recorded in Liber 22 of Plats, Page 10, Oakland County Records. Interested Parties: Caroline (Wittman) Schweizer, 21511 Middlebelt, Farmington, Michigan. Stecker and Huff, Inc., 5 West Larned Street, Detroit, Michigan. Subject to tax interests of Auditor General, State of Michigan, Lansing, Michigan. PARCEL CONDEMN THE FEE

All of lots of Grand River Homes Subdivision of a part of the E 1/2 of Sec. 35, T1N, R9E, Farmington Twp., Oakland County, Michigan, according to the plat thereof recorded in Liber 22 of Plats, Page 10, Oakland County Records. Interested Parties: Caroline (Wittman) Schweizer, 21511 Middlebelt, Farmington, Michigan. Stecker and Huff, Inc., 5 West Larned Street, Detroit, Michigan. Subject to tax interests of Auditor General, State of Michigan, Lansing, Michigan. PARCEL CONDEMN THE FEE

All of lots of Grand River Homes Subdivision of a part of the E 1/2 of Sec. 35, T1N, R9E, Farmington Twp., Oakland County, Michigan, according to the plat thereof recorded in Liber 22 of Plats, Page 10, Oakland County Records. Interested Parties: Caroline (Wittman) Schweizer, 21511 Middlebelt, Farmington, Michigan. Stecker and Huff, Inc., 5 West Larned Street, Detroit, Michigan. Subject to tax interests of Auditor General, State of Michigan, Lansing, Michigan. PARCEL CONDEMN THE FEE

All of lots of Grand River Homes Subdivision of a part of the E 1/2 of Sec. 35, T1N, R9E, Farmington Twp., Oakland County, Michigan, according to the plat thereof recorded in Liber 22 of Plats, Page 10, Oakland County Records. Interested Parties: Caroline (Wittman) Schweizer, 21511 Middlebelt, Farmington, Michigan. Stecker and Huff, Inc., 5 West Larned Street, Detroit, Michigan. Subject to tax interests of Auditor General, State of Michigan, Lansing, Michigan. PARCEL CONDEMN THE FEE

All of lots of Grand River Homes Subdivision of a part of the E 1/2 of Sec. 35, T1N, R9E, Farmington Twp., Oakland County, Michigan, according to the plat thereof recorded in Liber 22 of Plats, Page 10, Oakland County Records. Interested Parties: Caroline (Wittman) Schweizer, 21511 Middlebelt, Farmington, Michigan. Stecker and Huff, Inc., 5 West Larned Street, Detroit, Michigan. Subject to tax interests of Auditor General, State of Michigan, Lansing, Michigan. PARCEL CONDEMN THE FEE

All of lots of Grand River Homes Subdivision of a part of the E 1/2 of Sec. 35, T1N, R9E, Farmington Twp., Oakland County, Michigan, according to the plat thereof recorded in Liber 22 of Plats, Page 10, Oakland County Records. Interested Parties: Caroline (Wittman) Schweizer, 21511 Middlebelt, Farmington, Michigan. Stecker and Huff, Inc., 5 West Larned Street, Detroit, Michigan. Subject to tax interests of Auditor General, State of Michigan, Lansing, Michigan. PARCEL CONDEMN THE FEE

All of lots of Grand River Homes Subdivision of a part of the E 1/2 of Sec. 35, T1N, R9E, Farmington Twp., Oakland County, Michigan, according to the plat thereof recorded in Liber 22 of Plats, Page 10, Oakland County Records. Interested Parties: Caroline (Wittman) Schweizer, 21511 Middlebelt, Farmington, Michigan. Stecker and Huff, Inc., 5 West Larned Street, Detroit, Michigan. Subject to tax interests of Auditor General, State of Michigan, Lansing, Michigan. PARCEL CONDEMN THE FEE

All of lots of Grand River Homes Subdivision of a part of the E 1/2 of Sec. 35, T1N, R9E, Farmington Twp., Oakland County, Michigan, according to the plat thereof recorded in Liber 22 of Plats, Page 10, Oakland County Records. Interested Parties: Caroline (Wittman) Schweizer, 21511 Middlebelt, Farmington, Michigan. Stecker and Huff, Inc., 5 West Larned Street, Detroit, Michigan. Subject to tax interests of Auditor General, State of Michigan, Lansing, Michigan. PARCEL CONDEMN THE FEE

All of lots of Grand River Homes Subdivision of a part of the E 1/2 of Sec. 35, T1N, R9E, Farmington Twp., Oakland County, Michigan, according to the plat thereof recorded in Liber 22 of Plats, Page 10, Oakland County Records. Interested Parties: Caroline (Wittman) Schweizer, 21511 Middlebelt, Farmington, Michigan. Stecker and Huff, Inc., 5 West Larned Street, Detroit, Michigan. Subject to tax interests of Auditor General, State of Michigan, Lansing, Michigan. PARCEL CONDEMN THE FEE

All of lots of Grand River Homes Subdivision of a part of the E 1/2 of Sec. 35, T1N, R9E, Farmington Twp., Oakland County, Michigan, according to the plat thereof recorded in Liber 22 of Plats, Page 10, Oakland County Records. Interested Parties: Caroline (Wittman) Schweizer, 21511 Middlebelt, Farmington, Michigan. Stecker and Huff, Inc., 5 West Larned Street, Detroit, Michigan. Subject to tax interests of Auditor General, State of Michigan, Lansing, Michigan. PARCEL CONDEMN THE FEE

All of lots of Grand River Homes Subdivision of a part of the E 1/2 of Sec. 35, T1N, R9E, Farmington Twp., Oakland County, Michigan, according to the plat thereof recorded in Liber 22 of Plats, Page 10, Oakland County Records. Interested Parties: Caroline (Wittman) Schweizer, 21511 Middlebelt, Farmington, Michigan. Stecker and Huff, Inc., 5 West Larned Street, Detroit, Michigan. Subject to tax interests of Auditor General, State of Michigan, Lansing, Michigan. PARCEL CONDEMN THE FEE

All of lots of Grand River Homes Subdivision of a part of the E 1/2 of Sec. 35, T1N, R9E, Farmington Twp., Oakland County, Michigan, according to the plat thereof recorded in Liber 22 of Plats, Page 10, Oakland County Records. Interested Parties: Caroline (Wittman) Schweizer, 21511 Middlebelt, Farmington, Michigan. Stecker and Huff, Inc., 5 West Larned Street, Detroit, Michigan. Subject to tax interests of Auditor General, State of Michigan, Lansing, Michigan. PARCEL CONDEMN THE FEE

All of lots of Grand River Homes Subdivision of a part of the E 1/2 of Sec. 35, T1N, R9E, Farmington Twp., Oakland County, Michigan, according to the plat thereof recorded in Liber 22 of Plats, Page 10, Oakland County Records. Interested Parties: Caroline (Wittman) Schweizer, 21511 Middlebelt, Farmington, Michigan. Stecker and Huff, Inc., 5 West Larned Street, Detroit, Michigan. Subject to tax interests of Auditor General, State of Michigan, Lansing, Michigan. PARCEL CONDEMN THE FEE

All of lots of Grand River Homes Subdivision of a part of the E 1/2 of Sec. 35, T1N, R9E, Farmington Twp., Oakland County, Michigan, according to the plat thereof recorded in Liber 22 of Plats, Page 10, Oakland County Records. Interested Parties: Caroline (Wittman) Schweizer, 21511 Middlebelt, Farmington, Michigan. Stecker and Huff, Inc., 5 West Larned Street, Detroit, Michigan. Subject to tax interests of Auditor General, State of Michigan, Lansing, Michigan. PARCEL CONDEMN THE FEE

All of lots of Grand River Homes Subdivision of a part of the E 1/2 of Sec. 35, T1N, R9E, Farmington Twp., Oakland County, Michigan, according to the plat thereof recorded in Liber 22 of Plats, Page 10, Oakland County Records. Interested Parties: Caroline (Wittman) Schweizer, 21511 Middlebelt, Farmington, Michigan. Stecker and Huff, Inc., 5 West Larned Street, Detroit, Michigan. Subject to tax interests of Auditor General, State of Michigan, Lansing, Michigan. PARCEL CONDEMN THE FEE

All of lots of Grand River Homes Subdivision of a part of the E 1/2 of Sec. 35, T1N, R9E, Farmington Twp., Oakland County, Michigan, according to the plat thereof recorded in Liber 22 of Plats, Page 10, Oakland County Records. Interested Parties: Caroline (Wittman) Schweizer, 21511 Middlebelt, Farmington, Michigan. Stecker and Huff, Inc., 5 West Larned Street, Detroit, Michigan. Subject to tax interests of Auditor General, State of Michigan, Lansing, Michigan. PARCEL CONDEMN THE FEE

All of lots of Grand River Homes Subdivision of a part of the E 1/2 of Sec. 35, T1N, R9E, Farmington Twp., Oakland County, Michigan, according to the plat thereof recorded in Liber 22 of Plats, Page 10, Oakland County Records. Interested Parties: Caroline (Wittman) Schweizer, 21511 Middlebelt, Farmington, Michigan. Stecker and Huff, Inc., 5 West Larned Street, Detroit, Michigan. Subject to tax interests of Auditor General, State of Michigan, Lansing, Michigan. PARCEL CONDEMN THE FEE

All of lots of Grand River Homes Subdivision of a part of the E 1/2 of Sec. 35, T1N, R9E, Farmington Twp., Oakland County, Michigan, according to the plat thereof recorded in Liber 22 of Plats, Page 10, Oakland County Records. Interested Parties: Caroline (Wittman) Schweizer, 21511 Middlebelt, Farmington, Michigan. Stecker and Huff, Inc., 5 West Larned Street, Detroit, Michigan. Subject to tax interests of Auditor General, State of Michigan, Lansing, Michigan. PARCEL CONDEMN THE FEE

All of lots of Grand River Homes Subdivision of a part of the E 1/2 of Sec. 35, T1N, R9E, Farmington Twp., Oakland County, Michigan, according to the plat thereof recorded in Liber 22 of Plats, Page 10, Oakland County Records. Interested Parties: Caroline (Wittman) Schweizer, 21511 Middlebelt, Farmington, Michigan. Stecker and Huff, Inc., 5 West Larned Street, Detroit, Michigan. Subject to tax interests of Auditor General, State of Michigan, Lansing, Michigan. PARCEL CONDEMN THE FEE

All of lots of Grand River Homes Subdivision of a part of the E 1/2 of Sec. 35, T1N, R9E, Farmington Twp., Oakland County, Michigan, according to the plat thereof recorded in Liber 22 of Plats, Page 10, Oakland County Records. Interested Parties: Caroline (Wittman) Schweizer, 21511 Middlebelt, Farmington, Michigan. Stecker and Huff, Inc., 5 West Larned Street, Detroit, Michigan. Subject to tax interests of Auditor General, State of Michigan, Lansing, Michigan. PARCEL CONDEMN THE FEE

All of lots of Grand River Homes Subdivision of a part of the E 1/2 of Sec. 35, T1N, R9E, Farmington Twp., Oakland County, Michigan, according to the plat thereof recorded in Liber 22 of Plats, Page 10, Oakland County Records. Interested Parties: Caroline (Wittman) Schweizer, 21511 Middlebelt, Farmington, Michigan. Stecker and Huff, Inc., 5 West Larned Street, Detroit, Michigan. Subject to tax interests of Auditor General, State of Michigan, Lansing, Michigan. PARCEL CONDEMN THE FEE

All of lots of Grand River Homes Subdivision of a part of the E 1/2 of Sec. 35, T1N, R9E, Farmington Twp., Oakland County, Michigan, according to the plat thereof recorded in Liber 22 of Plats, Page 10, Oakland County Records. Interested Parties: Caroline (Wittman) Schweizer, 21511 Middlebelt, Farmington, Michigan. Stecker and Huff, Inc., 5 West Larned Street, Detroit, Michigan. Subject to tax interests of Auditor General, State of Michigan, Lansing, Michigan. PARCEL CONDEMN THE FEE

All of lots of Grand River Homes Subdivision of a part of the E 1/2 of Sec. 35, T1N, R9E, Farmington Twp., Oakland County, Michigan, according to the plat thereof recorded in Liber 22 of Plats, Page 10, Oakland County Records. Interested Parties: Caroline (Wittman) Schweizer, 21511 Middlebelt, Farmington, Michigan. Stecker and Huff, Inc., 5 West Larned Street, Detroit, Michigan. Subject to tax interests of Auditor General, State of Michigan, Lansing, Michigan. PARCEL CONDEMN THE FEE

All of lots of Grand River Homes Subdivision of a part of the E 1/2 of Sec. 35, T1N, R9E, Farmington Twp., Oakland County, Michigan, according to the plat thereof recorded in Liber 22 of Plats, Page 10, Oakland County Records. Interested Parties: Caroline (Wittman) Schweizer, 21511 Middlebelt, Farmington, Michigan. Stecker and Huff, Inc., 5 West Larned Street, Detroit, Michigan. Subject to tax interests of Auditor General, State of Michigan, Lansing, Michigan. PARCEL CONDEMN THE FEE

All of lots of Grand River Homes Subdivision of a part of the E 1/2 of Sec. 35, T1N, R9E, Farmington Twp., Oakland County, Michigan, according to the plat thereof recorded in Liber 22 of Plats, Page 10, Oakland County Records. Interested Parties: Caroline (Wittman) Schweizer, 21511 Middlebelt, Farmington, Michigan. Stecker and Huff, Inc., 5 West Larned Street, Detroit, Michigan. Subject to tax interests of Auditor General, State of Michigan, Lansing, Michigan. PARCEL CONDEMN THE FEE

All of lots of Grand River Homes Subdivision of a part of the E 1/2 of Sec. 35, T1N, R9E, Farmington Twp., Oakland County, Michigan, according to the plat thereof recorded in Liber 22 of Plats, Page 10, Oakland County Records. Interested Parties: Caroline (Wittman) Schweizer, 21511 Middlebelt, Farmington, Michigan. Stecker and Huff, Inc., 5 West Larned Street, Detroit, Michigan. Subject to tax interests of Auditor General, State of Michigan, Lansing, Michigan. PARCEL CONDEMN THE FEE

All of lots of Grand River Homes Subdivision of a part of the E 1/2 of Sec. 35, T1N, R9E, Farmington Twp., Oakland County, Michigan, according to the plat thereof recorded in Liber 22 of Plats, Page 10, Oakland County Records. Interested Parties: Caroline (Wittman) Schweizer, 21511 Middlebelt, Farmington, Michigan. Stecker and Huff, Inc., 5 West Larned Street, Detroit, Michigan. Subject to tax interests of Auditor General, State of Michigan, Lansing, Michigan. PARCEL CONDEMN THE FEE

All of lots of Grand River Homes Subdivision of a part of the E 1/2 of Sec. 35, T1N, R9E, Farmington Twp., Oakland County, Michigan, according to the plat thereof recorded in Liber 22 of Plats, Page 10, Oakland County Records. Interested Parties: Caroline (Wittman) Schweizer, 21511 Middlebelt, Farmington, Michigan. Stecker and Huff, Inc., 5 West Larned Street, Detroit, Michigan. Subject to tax interests of Auditor General, State of Michigan, Lansing, Michigan. PARCEL CONDEMN THE FEE

All of lots of Grand River Homes Subdivision of a part of the E 1/2 of Sec. 35, T1N, R9E, Farmington Twp., Oakland County, Michigan, according to the plat thereof recorded in Liber 22 of Plats, Page 10, Oakland County Records. Interested Parties: Caroline (Wittman) Schweizer, 21511 Middlebelt, Farmington, Michigan. Stecker and Huff, Inc., 5 West Larned Street, Detroit, Michigan. Subject to tax interests of Auditor General, State of Michigan, Lansing, Michigan. PARCEL CONDEMN THE FEE

All of lots of Grand River Homes Subdivision of a part of the E 1/2 of Sec. 35, T1N, R9E, Farmington Twp., Oakland County, Michigan, according to the plat thereof recorded in Liber 22 of Plats, Page 10, Oakland County Records. Interested Parties: Caroline (Wittman) Schweizer, 21511 Middlebelt, Farmington, Michigan. Stecker and Huff, Inc., 5 West Larned Street, Detroit, Michigan. Subject to tax interests of Auditor General, State of Michigan, Lansing, Michigan. PARCEL CONDEMN THE FEE

All of lots of Grand River Homes Subdivision of a part of the E 1/2 of Sec. 35, T1N, R9E, Farmington Twp., Oakland County, Michigan, according to the plat thereof recorded in Liber 22 of Plats, Page 10, Oakland County Records. Interested Parties: Caroline (Wittman) Schweizer, 21511 Middlebelt, Farmington, Michigan. Stecker and Huff, Inc., 5 West Larned Street, Detroit, Michigan. Subject to tax interests of Auditor General, State of Michigan, Lansing, Michigan. PARCEL CONDEMN THE FEE

All of lots of Grand River Homes Subdivision of a part of the E 1/2 of Sec. 35, T1N, R9E, Farmington Twp., Oakland County, Michigan, according to the plat thereof recorded in Liber 22 of Plats, Page 10, Oakland County Records. Interested Parties: Caroline (Wittman) Schweizer, 21511 Middlebelt, Farmington, Michigan. Stecker and Huff, Inc., 5 West Larned Street, Detroit, Michigan. Subject to tax interests of Auditor General, State of Michigan, Lansing, Michigan. PARCEL CONDEMN THE FEE

All of lots of Grand River Homes Subdivision of a part of the E 1/2 of Sec. 35, T1N, R9E, Farmington Twp., Oakland County, Michigan, according to the plat thereof recorded in Liber 22 of Plats, Page 10, Oakland County Records. Interested Parties: Caroline (Wittman) Schweizer, 21511 Middlebelt, Farmington, Michigan. Stecker and Huff, Inc., 5 West Larned Street, Detroit, Michigan. Subject to tax interests of Auditor General, State of Michigan, Lansing, Michigan. PARCEL CONDEMN THE FEE

All of lots of Grand River Homes Subdivision of a part of the E 1/2 of Sec. 35, T1N, R9E, Farmington Twp., Oakland County, Michigan, according to the plat thereof recorded in Liber 22 of Plats, Page 10, Oakland County Records. Interested Parties: Caroline (Wittman) Schweizer, 21511 Middlebelt, Farmington, Michigan. Stecker and Huff, Inc., 5 West Larned Street, Detroit, Michigan. Subject to tax interests of Auditor General, State of Michigan, Lansing, Michigan. PARCEL CONDEMN THE FEE

All of lots of Grand River Homes Subdivision of a part of the E 1/2 of Sec. 35, T1N, R9E, Farmington Twp., Oakland County, Michigan, according to the plat thereof recorded in Liber 22 of Plats, Page 10, Oakland County Records. Interested Parties: Caroline (Wittman) Schweizer, 21511 Middlebelt, Farmington, Michigan. Stecker and Huff, Inc., 5 West Larned Street, Detroit, Michigan. Subject to tax interests of Auditor General, State of Michigan, Lansing, Michigan. PARCEL CONDEMN THE FEE

All of lots of Grand River Homes Subdivision of a part of the E 1/2 of Sec. 35, T1N, R9E, Farmington Twp., Oakland County, Michigan, according to the plat thereof recorded in Liber 22 of Plats, Page 10, Oakland County Records. Interested Parties: Caroline (Wittman) Schweizer, 21511 Middlebelt, Farmington, Michigan. Stecker and Huff, Inc., 5 West Larned Street, Detroit, Michigan. Subject to tax interests of Auditor General, State of Michigan, Lansing, Michigan. PARCEL CONDEMN THE FEE

All of lots of Grand River Homes Subdivision of a part of the E 1/2 of Sec. 35, T1N, R9E, Farmington Twp., Oakland County, Michigan, according to the plat thereof recorded in Liber 22 of Plats, Page 10, Oakland County Records. Interested Parties: Caroline (Wittman) Schweizer, 21511 Middlebelt, Farmington, Michigan. Stecker and Huff, Inc., 5 West Larned Street, Detroit, Michigan. Subject to tax interests of Auditor General, State of Michigan, Lansing, Michigan. PARCEL CONDEMN THE FEE

All of lots of Grand River Homes Subdivision of a part of the E 1/2 of Sec. 35, T1N, R9E, Farmington Twp., Oakland County, Michigan, according to the plat thereof recorded in Liber 22 of Plats, Page 10, Oakland County Records. Interested Parties: Caroline (Wittman) Schweizer, 21511 Middlebelt, Farmington, Michigan. Stecker and Huff, Inc., 5 West Larned Street, Detroit, Michigan. Subject to tax interests of Auditor General, State of Michigan, Lansing, Michigan. PARCEL CONDEMN THE FEE

All of lots of Grand River Homes Subdivision of a part of the E 1/2 of Sec. 35, T1N, R9E, Farmington Twp., Oakland County, Michigan, according to the plat thereof recorded in Liber 22 of Plats, Page 10, Oakland County Records. Interested Parties: Caroline (Wittman) Schweizer, 21511 Middlebelt, Farmington, Michigan. Stecker and Huff, Inc., 5 West Larned Street, Detroit, Michigan. Subject to tax interests of Auditor General, State of Michigan, Lansing, Michigan. PARCEL CONDEMN THE FEE

All of lots of Grand River Homes Subdivision of a part of the E 1/2 of Sec. 35, T1N, R9E, Farmington Twp., Oakland County, Michigan, according to the plat thereof recorded in Liber 22 of Plats, Page 10, Oakland County Records. Interested Parties: Caroline (Wittman) Schweizer, 21511 Middlebelt, Farmington, Michigan. Stecker and Huff, Inc., 5 West Larned Street, Detroit, Michigan. Subject to tax interests of Auditor General, State of Michigan, Lansing, Michigan. PARCEL CONDEMN THE FEE

All of lots of Grand River Homes Subdivision of a part of the E 1/2 of Sec. 35, T1N, R9E, Farmington Twp., Oakland County, Michigan, according to the plat thereof recorded in Liber 22 of Plats, Page 10, Oakland County Records. Interested Parties: Caroline (Wittman) Schweizer, 21511 Middlebelt, Farmington, Michigan. Stecker and Huff, Inc., 5 West Larned Street, Detroit, Michigan. Subject to tax interests of Auditor General, State of Michigan, Lansing, Michigan. PARCEL CONDEMN THE FEE

All of lots of Grand River Homes Subdivision of a part of the E 1/2 of Sec. 35, T1N, R9E, Farmington Twp., Oakland County, Michigan, according to the plat thereof recorded in Liber 22 of Plats, Page 10, Oakland County Records. Interested Parties: Caroline (Wittman) Schweizer, 21511 Middlebelt, Farmington, Michigan. Stecker and Huff, Inc., 5 West Larned Street, Detroit, Michigan. Subject to tax interests of Auditor General, State of Michigan, Lansing, Michigan. PARCEL CONDEMN THE FEE

All of lots of Grand River Homes Subdivision of a part of the E 1/2 of Sec. 35, T1N, R9E, Farmington Twp., Oakland County, Michigan, according to the plat thereof recorded in Liber 22 of Plats, Page 10, Oakland County Records. Interested Parties: Caroline (Wittman) Schweizer, 21511 Middlebelt, Farmington, Michigan. Stecker and Huff, Inc., 5 West Larned Street, Detroit, Michigan. Subject to tax interests of Auditor General, State of Michigan, Lansing, Michigan. PARCEL CONDEMN THE FEE

All of lots of Grand River Homes Subdivision of a part of the E 1/2 of Sec. 35, T1N, R9E, Farmington Twp., Oakland County, Michigan, according to the plat thereof recorded in Liber 22 of Plats, Page 10, Oakland County Records. Interested Parties: Caroline (Wittman) Schweizer, 21511 Middlebelt, Farmington, Michigan. Stecker and Huff, Inc., 5 West Larned Street, Detroit, Michigan. Subject to tax interests of Auditor General, State of Michigan, Lansing, Michigan. PARCEL CONDEMN THE FEE

All of lots of Grand River Homes Subdivision of a part of the E 1/2 of Sec. 35, T1N, R9E, Farmington Twp., Oakland County, Michigan, according to the plat thereof recorded in Liber 22 of Plats, Page 10, Oakland County Records. Interested Parties: Caroline (Wittman) Schweizer, 21511 Middlebelt, Farmington, Michigan. Stecker and Huff, Inc., 5 West Larned Street, Detroit, Michigan. Subject to tax interests of Auditor General, State of Michigan, Lansing, Michigan. PARCEL CONDEMN THE FEE

All of lots of Grand River Homes Subdivision of a part of the E 1/2 of Sec. 35, T1N, R9E, Farmington Twp., Oakland County, Michigan, according to the plat thereof recorded in Liber 22 of Plats, Page 10, Oakland County Records. Interested Parties: Caroline (Wittman) Schweizer, 21511 Middlebelt, Farmington, Michigan. Stecker and Huff, Inc., 5 West Larned Street, Detroit, Michigan. Subject to tax interests of Auditor General, State of Michigan, Lansing, Michigan. PARCEL CONDEMN THE FEE

All of lots of Grand River Homes Subdivision of a part of the E 1/2 of Sec. 35, T1N, R9E, Farmington Twp., Oakland County, Michigan, according to the plat thereof recorded in Liber 22 of Plats, Page 10, Oakland County Records. Interested Parties: Caroline (Wittman) Schweizer, 21511 Middlebelt, Farmington, Michigan. Stecker and Huff, Inc., 5 West Larned Street, Detroit, Michigan. Subject to tax interests of Auditor General, State of Michigan, Lansing, Michigan. PARCEL CONDEMN THE FEE

All of lots of Grand River Homes Subdivision of a part of the E 1/2 of Sec. 35, T1N, R9E, Farmington Twp., Oakland County, Michigan, according to the plat thereof recorded in Liber 22 of Plats, Page 10, Oakland County Records. Interested Parties: Caroline (Wittman) Schweizer, 21511 Middlebelt, Farmington, Michigan. Stecker and Huff, Inc., 5 West Larned Street, Detroit, Michigan. Subject to tax interests of Auditor General, State of Michigan, Lansing, Michigan. PARCEL CONDEMN THE FEE

All of lots of Grand River Homes Subdivision of a part of the E 1/2 of Sec. 35, T1N, R9E, Farmington Twp., Oakland County, Michigan, according to the plat thereof recorded in Liber 22 of Plats, Page 10, Oakland County Records. Interested Parties: Caroline (Wittman) Schweizer, 21511 Middlebelt, Farmington, Michigan. Stecker and Huff, Inc., 5 West Larned Street, Detroit, Michigan. Subject to tax interests of Auditor General, State of Michigan, Lansing, Michigan. PARCEL CONDEMN THE FEE

All of lots of Grand River Homes Subdivision of a part of the E 1/2 of Sec. 35, T1N, R9E, Farmington Twp., Oakland County, Michigan, according to the plat thereof recorded in Liber 22 of Plats, Page 10, Oakland County Records. Interested Parties: Caroline (Wittman) Schweizer, 21511 Middlebelt, Farmington, Michigan. Stecker and Huff, Inc., 5 West Larned Street, Detroit, Michigan. Subject to tax interests of Auditor General, State of Michigan, Lansing, Michigan. PARCEL CONDEMN THE FEE

All of lots of Grand River Homes Subdivision of a part of the E 1/2 of Sec. 35, T1N, R9E, Farmington Twp., Oakland County, Michigan, according to the plat thereof recorded in Liber 22 of Plats, Page 10, Oakland County Records. Interested Parties: Caroline (Wittman) Schweizer, 21511 Middlebelt, Farmington, Michigan. Stecker and Huff, Inc., 5 West Larned Street, Detroit, Michigan. Subject to tax interests of Auditor General, State of Michigan, Lansing, Michigan. PARCEL CONDEMN THE FEE

All of lots of Grand River Homes Subdivision of a part of the E 1/2 of Sec. 35, T1N, R9E, Farmington Twp., Oakland County, Michigan, according to the plat thereof recorded in Liber 22 of Plats, Page 10, Oakland County Records. Interested Parties: Caroline (Wittman) Schweizer, 21511 Middlebelt, Farmington, Michigan. Stecker and Huff, Inc., 5 West Larned Street, Detroit, Michigan. Subject to tax interests of Auditor General, State of Michigan, Lansing, Michigan. PARCEL CONDEMN THE FEE

All of lots of Grand River Homes Subdivision of a part of the E 1/2 of Sec. 35, T1N, R9E, Farmington Twp., Oakland County, Michigan, according to the plat thereof recorded in Liber 22 of Plats, Page 10, Oakland County Records. Interested Parties: Caroline (Wittman) Schweizer, 21511 Middlebelt, Farmington, Michigan. Stecker and Huff, Inc., 5 West Larned Street, Detroit, Michigan. Subject to tax interests of Auditor General, State of Michigan, Lansing, Michigan. PARCEL CONDEMN THE FEE

All of lots of Grand River Homes Subdivision of a part of the E 1/2 of Sec. 35, T1N, R9E, Farmington Twp., Oakland County, Michigan, according to the plat thereof recorded in Liber 22 of Plats, Page 10, Oakland County Records. Interested Parties: Caroline (Wittman) Schweizer, 21511 Middlebelt, Farmington, Michigan. Stecker and Huff, Inc., 5 West Larned Street, Detroit, Michigan. Subject to tax interests of Auditor General, State of Michigan, Lansing, Michigan. PARCEL CONDEMN THE FEE

All of lots of Grand River Homes Subdivision of a part of the E 1/2 of Sec. 35, T1N, R9E, Farmington Twp., Oakland County, Michigan, according to the plat thereof recorded in Liber 22 of Plats, Page 10, Oakland County Records. Interested Parties: Caroline (Wittman) Schweizer, 21511 Middlebelt, Farmington, Michigan. Stecker and Huff, Inc., 5 West Larned Street, Detroit, Michigan. Subject to tax interests of Auditor General, State of Michigan, Lansing, Michigan. PARCEL CONDEMN THE FEE

All of lots of Grand River Homes Subdivision of a part of the E 1/2 of Sec. 35, T1N, R9E, Farmington Twp., Oakland County, Michigan, according to the plat thereof recorded in Liber 22 of Plats, Page 10, Oakland County Records. Interested Parties: Caroline (Wittman) Schweizer, 21511 Middlebelt, Farmington, Michigan. Stecker and Huff, Inc., 5 West Larned Street, Detroit, Michigan. Subject to tax interests of Auditor General, State of Michigan, Lansing, Michigan. PARCEL CONDEMN THE FEE

All of lots of Grand River Homes Subdivision of a part of the E 1/2 of Sec. 35, T1N, R9E, Farmington Twp., Oakland County, Michigan, according to the plat thereof recorded in Liber 22 of Plats, Page 10, Oakland County Records. Interested Parties: Caroline (Wittman) Schweizer, 21511 Middlebelt, Farmington, Michigan. Stecker and Huff, Inc., 5 West Larned Street, Detroit, Michigan. Subject to tax interests of Auditor General, State of Michigan, Lansing, Michigan. PARCEL CONDEMN THE FEE

All of lots of Grand River Homes Subdivision of a part of the E 1/2 of Sec. 35, T1N, R9E, Farmington Twp., Oakland County, Michigan, according to the plat thereof recorded in Liber 22 of Plats, Page 10, Oakland County Records. Interested Parties: Caroline (Wittman) Schweizer, 21511 Middlebelt, Farmington, Michigan. Stecker and Huff, Inc., 5 West Larned Street, Detroit, Michigan. Subject to tax interests of Auditor General, State of Michigan, Lansing, Michigan. PARCEL CONDEMN THE FEE

All of lots of Grand River Homes Subdivision of a part of the E 1/2 of Sec. 35, T1N, R9E, Farmington Twp., Oakland County, Michigan, according to the plat thereof recorded in Liber 22 of Plats, Page 10, Oakland County Records. Interested Parties: Caroline (Wittman) Schweizer, 21511 Middlebelt, Farmington, Michigan. Stecker and Huff, Inc., 5 West Larned Street, Detroit, Michigan. Subject to tax interests of Auditor General, State of Michigan, Lansing, Michigan. PARCEL CONDEMN THE FEE

All of lots of Grand River Homes Subdivision of a part of the E 1/2 of Sec. 35, T1N, R9E, Farmington Twp., Oakland County, Michigan, according to the plat thereof recorded in Liber 22 of Plats, Page 10, Oakland County Records. Interested Parties: Caroline (Wittman) Schweizer, 21511 Middlebelt, Farmington, Michigan. Stecker and Huff, Inc., 5 West Larned Street, Detroit, Michigan. Subject to tax interests of Auditor General, State of Michigan, Lansing, Michigan. PARCEL CONDEMN THE FEE

All of lots of Grand River Homes Subdivision of a part of the E 1/2 of Sec. 35, T1N, R9E, Farmington Twp., Oakland County, Michigan, according to the plat thereof recorded in Liber 22 of Plats, Page 10, Oakland County Records. Interested Parties: Caroline (Wittman) Schweizer, 21511 Middlebelt, Farmington, Michigan. Stecker and Huff, Inc., 5 West Larned Street, Detroit, Michigan. Subject to tax interests of Auditor General, State of Michigan, Lansing, Michigan. PARCEL CONDEMN THE FEE

All of lots of Grand River Homes Subdivision of a part of the E 1/2 of Sec. 35, T1N, R9E, Farmington Twp., Oakland County, Michigan, according to the plat thereof recorded in Liber 22 of Plats, Page 10, Oakland County Records. Interested Parties: Caroline (Wittman) Schweizer, 21511 Middlebelt, Farmington, Michigan. Stecker and Huff, Inc., 5 West Larned Street, Detroit, Michigan. Subject to tax interests of Auditor General, State of Michigan, Lansing, Michigan. PARCEL CONDEMN THE FEE

All of lots of Grand River Homes Subdivision of a part of the E 1/2 of Sec. 35, T1N, R9E, Farmington Twp., Oakland County, Michigan, according to the plat thereof recorded in Liber 22 of Plats, Page 10, Oakland County Records. Interested Parties: Caroline (Wittman) Schweizer, 21511 Middlebelt, Farmington, Michigan. Stecker and Huff, Inc., 5 West Larned Street, Detroit, Michigan. Subject to tax interests of Auditor General, State of Michigan, Lansing, Michigan. PARCEL CONDEMN THE FEE

All of lots of Grand River Homes Subdivision of a part of the E 1/2 of Sec. 35, T1N, R9E, Farmington Twp., Oakland County, Michigan, according to the plat thereof recorded in Liber 22 of Plats, Page 10, Oakland County Records. Interested Parties: Caroline (Wittman) Schweizer, 21511 Middlebelt, Farmington, Michigan. Stecker and Huff, Inc., 5 West Larned Street, Detroit, Michigan. Subject to tax interests of Auditor General, State of Michigan, Lansing, Michigan. PARCEL CONDEMN THE FEE

All of lots of Grand River Homes Subdivision of a part of the E 1/2 of Sec. 35, T1N, R9E, Farmington Twp., Oakland County, Michigan, according to the plat thereof recorded in Liber 22 of Plats, Page 10, Oakland County Records. Interested Parties: Caroline (Wittman) Schweizer, 21511 Middlebelt, Farmington, Michigan. Stecker and Huff, Inc., 5 West Larned Street, Detroit, Michigan. Subject to tax interests of Auditor General, State of Michigan, Lansing, Michigan. PARCEL CONDEMN THE FEE

All of lots of Grand River Homes Subdivision of a part of the E 1/2 of Sec. 35, T1N, R9E, Farmington Twp., Oakland County, Michigan, according to the plat thereof recorded in Liber 22 of Plats, Page 10, Oakland County Records. Interested Parties: Caroline (Wittman) Schweizer, 21511 Middlebelt, Farmington, Michigan. Stecker and Huff, Inc., 5 West Larned Street, Detroit, Michigan. Subject to tax interests of Auditor General, State of Michigan, Lansing, Michigan. PARCEL CONDEMN THE FEE

All of lots of Grand River Homes Subdivision of a part of the E 1/2 of Sec. 35, T1N, R9E, Farmington Twp., Oakland County, Michigan, according to the plat thereof recorded in Liber 22 of Plats, Page 10, Oakland County Records. Interested Parties: Caroline (Wittman) Schweizer, 21511 Middlebelt, Farmington, Michigan. Stecker and Huff, Inc., 5 West Larned Street, Detroit, Michigan. Subject to tax interests of Auditor General, State of Michigan, Lansing, Michigan. PARCEL CONDEMN THE FEE

All of lots of Grand River Homes Subdivision of a part of the E 1/2 of Sec. 35, T1N, R9E, Farmington Twp., Oakland County, Michigan, according to the plat thereof recorded in Liber 22 of Plats, Page 10, Oakland County Records. Interested Parties: Caroline (Wittman) Schweizer, 21511 Middlebelt, Farmington, Michigan. Stecker and Huff, Inc., 5 West Larned Street, Detroit, Michigan. Subject to tax interests of Auditor General, State of Michigan, Lansing, Michigan. PARCEL CONDEMN THE FEE

All of lots of Grand River Homes Subdivision of a part of the E 1/2 of Sec. 35, T1N, R9E, Farmington Twp., Oakland County, Michigan, according to the plat thereof recorded in Liber 22 of Plats, Page 10, Oakland County Records. Interested Parties: Caroline (Wittman) Schweizer, 21511 Middlebelt, Farmington, Michigan. Stecker and Huff, Inc., 5 West Larned Street, Detroit, Michigan. Subject to tax interests of Auditor General, State of Michigan, Lansing, Michigan. PARCEL CONDEMN THE FEE

All of lots of Grand River Homes Subdivision of a part of the E 1/2 of Sec. 35, T1N, R9E, Farmington Twp., Oakland County, Michigan, according to the plat thereof recorded in Liber 22 of Plats, Page 10, Oakland County Records. Interested Parties: Caroline (Wittman) Schweizer, 21511 Middlebelt, Farmington, Michigan. Stecker and Huff, Inc., 5 West Larned Street, Detroit, Michigan. Subject to tax interests of Auditor General, State of Michigan, Lansing, Michigan. PARCEL CONDEMN THE FEE

All of lots of Grand River Homes Subdivision of a part of the E 1/2 of Sec. 35, T1N, R9E, Farmington Twp., Oakland County, Michigan, according to the plat thereof recorded in Liber 22 of Plats, Page 10, Oakland County Records. Interested Parties: Caroline (Wittman) Schweizer, 21511 Middlebelt, Farmington, Michigan. Stecker and Huff, Inc., 5 West Larned Street, Detroit, Michigan. Subject to tax interests of Auditor General, State of Michigan, Lansing, Michigan. PARCEL CONDEMN THE FEE

All of lots of Grand River Homes Subdivision of a part of the E 1/2 of Sec. 35, T1N, R9E, Farmington Twp., Oakland County, Michigan, according to the plat thereof recorded in Liber 22 of Plats, Page 10, Oakland County Records. Interested Parties: Caroline (Wittman) Schweizer, 21511 Middlebelt, Farmington, Michigan. Stecker and Huff, Inc., 5 West Larned Street, Detroit, Michigan. Subject to tax interests of Auditor General, State of Michigan, Lansing, Michigan. PARCEL CONDEMN THE FEE

All of lots of Grand River Homes Subdivision of a part of the E 1/2 of Sec. 35, T1N, R9E, Farmington Twp., Oakland County, Michigan, according to the plat thereof recorded in Liber 22 of Plats, Page 10, Oakland County Records. Interested Parties: Caroline (Wittman) Schweizer, 21511 Middlebelt, Farmington, Michigan. Stecker and Huff, Inc., 5 West Larned Street, Detroit, Michigan. Subject to tax interests of Auditor General, State of Michigan, Lansing, Michigan. PARCEL CONDEMN THE FEE

All of lots of Grand River Homes Subdivision of a part of the E 1/2 of Sec. 35, T1N, R9E, Farmington Twp., Oakland County, Michigan, according to the plat thereof recorded in Liber 22 of Plats, Page 10, Oakland County Records. Interested Parties: Caroline (Wittman) Schweizer, 21511 Middlebelt, Farmington, Michigan. Stecker and Huff, Inc., 5 West Larned Street, Detroit, Michigan. Subject to tax interests of Auditor General, State of Michigan, Lansing, Michigan. PARCEL CONDEMN THE FEE

All of lots of Grand River Homes Subdivision of a part of the E 1/2 of Sec. 35, T1N, R9E, Farmington Twp., Oakland County, Michigan, according to the plat thereof recorded in Liber 22 of Plats, Page 10, Oakland County Records. Interested Parties: Caroline (Wittman) Schweizer, 21511 Middlebelt, Farmington, Michigan. Stecker and Huff, Inc., 5 West Larned Street, Detroit, Michigan. Subject to tax interests of Auditor General, State of Michigan, Lansing, Michigan. PARCEL CONDEMN THE FEE

All of lots of Grand River Homes Subdivision of a part of the E 1/2 of Sec. 35, T1N, R9E, Farmington Twp., Oakland County, Michigan, according to the plat thereof recorded in Liber 22 of Plats, Page 10, Oakland County Records. Interested Parties: Caroline (Wittman) Schweizer, 21511 Middlebelt, Farmington, Michigan. Stecker and Huff, Inc., 5 West Larned Street, Detroit, Michigan. Subject to tax interests of Auditor General, State of Michigan, Lansing, Michigan. PARCEL CONDEMN THE FEE

All of lots of Grand River Homes Subdivision of a part of the E 1/2 of Sec. 35, T1N, R9E, Farmington Twp., Oakland County, Michigan, according to the plat thereof recorded in Liber 22 of Plats, Page 10, Oakland County Records. Interested Parties: Caroline (Wittman) Schweizer, 21511 Middlebelt, Farmington, Michigan. Stecker and Huff, Inc., 5 West Larned Street, Detroit, Michigan. Subject to tax interests of Auditor General, State of Michigan, Lansing, Michigan. PARCEL CONDEMN THE FEE

All of lots of Grand River Homes Subdivision of a part of the E 1/2 of Sec. 35, T1N, R9E, Farmington Twp., Oakland County, Michigan, according to the plat thereof recorded in Liber 22 of Plats, Page 10, Oakland County Records. Interested Parties: Caroline (Wittman) Schweizer, 21511 Middlebelt, Farmington, Michigan. Stecker and Huff, Inc., 5 West Larned Street, Detroit, Michigan. Subject to tax interests of Auditor General, State of Michigan, Lansing, Michigan. PARCEL CONDEMN THE FEE

All of lots of Grand River Homes Subdivision of a part of the E 1/2 of Sec. 35, T1N, R9E, Farmington Twp., Oakland County, Michigan, according to the plat thereof recorded in Liber 22 of Plats, Page 10, Oakland County Records. Interested Parties: Caroline (Wittman) Schweizer, 21511 Middlebelt, Farmington, Michigan. Stecker and Huff, Inc., 5 West Larned Street, Detroit, Michigan. Subject to tax interests of Auditor General, State of Michigan, Lansing, Michigan. PARCEL CONDEMN THE FEE

All of lots of Grand River Homes Subdivision of a part of the E 1/2 of Sec. 35, T1N, R9E, Farmington Twp., Oakland County, Michigan, according to the plat thereof recorded in Liber 22 of Plats, Page 10, Oakland County Records. Interested Parties: Caroline (Wittman) Schweizer, 21511 Middlebelt, Farmington, Michigan. Stecker and Huff, Inc., 5 West Larned Street, Detroit, Michigan. Subject to tax interests of Auditor General, State of Michigan, Lansing, Michigan. PARCEL CONDEMN THE FEE

All of lots of Grand River Homes Subdivision of a part of the E 1/2 of Sec. 35, T1N, R9E, Farmington Twp., Oakland County, Michigan, according to the plat thereof recorded in Liber 22 of Plats, Page 10, Oakland County Records. Interested Parties: Caroline (Wittman) Schweizer, 21511 Middlebelt, Farmington, Michigan. Stecker and Huff, Inc., 5 West Larned Street, Detroit, Michigan. Subject to tax interests of Auditor General, State of Michigan, Lansing, Michigan. PARCEL CONDEMN THE FEE

All of lots of Grand River Homes Subdivision of a part of the E 1/2 of Sec. 35, T1N, R9E, Farmington Twp., Oakland County, Michigan, according to the plat thereof recorded in Liber 22 of Plats, Page 10, Oakland County Records. Interested Parties: Caroline (Wittman) Schweizer, 21511 Middlebelt, Farmington, Michigan. Stecker and Huff, Inc., 5 West Larned Street, Detroit, Michigan. Subject to tax interests of Auditor General, State of Michigan, Lansing, Michigan. PARCEL CONDEMN THE FEE

All of lots of Grand River Homes Subdivision of a part of the E 1/2 of Sec. 35, T1N, R9E, Farmington Twp., Oakland County, Michigan, according to the plat thereof recorded in Liber 22 of Plats, Page 10, Oakland County Records. Interested Parties: Caroline (Wittman) Schweizer, 21511 Middlebelt, Farmington, Michigan. Stecker and Huff, Inc., 5 West Larned Street, Detroit, Michigan. Subject to tax interests of Auditor General, State of Michigan, Lansing, Michigan. PARCEL CONDEMN THE FEE

All of lots of Grand River Homes Subdivision of a part of the E 1/2 of Sec. 35, T1N, R9E, Farmington Twp., Oakland County, Michigan, according to the plat thereof recorded in Liber 22 of Plats, Page 10, Oakland County Records. Interested Parties: Caroline (Wittman) Schweizer, 21511 Middlebelt, Farmington, Michigan. Stecker and Huff, Inc., 5 West Larned Street, Detroit, Michigan. Subject to tax interests of Auditor General, State of Michigan, Lansing, Michigan. PARCEL CONDEMN THE FEE

All of lots of Grand River Homes Subdivision of a part of the E 1/2 of Sec. 35, T1N, R9E, Farmington Twp., Oakland County, Michigan, according to the plat thereof recorded in Liber 22 of Plats, Page 10, Oakland County Records. Interested Parties: Caroline (Wittman) Schweizer, 21511 Middlebelt, Farmington, Michigan. Stecker and Huff, Inc., 5 West Larned Street, Detroit, Michigan. Subject to tax interests of Auditor General, State of Michigan, Lansing, Michigan. PARCEL CONDEMN THE FEE

All of lots of Grand River Homes Subdivision of a part of the E 1/2 of Sec. 35, T1N, R9E, Farmington Twp., Oakland County, Michigan, according to the plat thereof recorded in Liber 22 of Plats, Page 10, Oakland County Records. Interested Parties: Caroline (Wittman) Schweizer, 21511 Middlebelt, Farmington, Michigan. Stecker and Huff, Inc., 5 West Larned Street, Detroit, Michigan. Subject to tax interests of Auditor General, State of Michigan, Lansing, Michigan. PARCEL CONDEMN THE FEE

All of lots of Grand River Homes Subdivision of a part of the E 1/2 of Sec. 35, T1N, R9E, Farmington Twp., Oakland County, Michigan, according to the plat thereof recorded in Liber 22 of Plats, Page 10, Oakland County Records. Interested Parties: Caroline (Wittman) Schweizer, 21511 Middlebelt, Farmington, Michigan. Stecker and Huff, Inc., 5 West Larned Street, Detroit, Michigan. Subject to tax interests of Auditor General, State of Michigan, Lansing, Michigan. PARCEL CONDEMN THE FEE

All of lots of Grand River Homes Subdivision of a part of the E 1/2 of Sec. 35, T1N, R9E, Farmington Twp., Oakland County, Michigan, according to the plat thereof recorded in Liber 22 of Plats, Page 10, Oakland County Records. Interested Parties: Caroline (Wittman) Schweizer, 21511 Middlebelt, Farmington, Michigan. Stecker and Huff, Inc., 5 West Larned Street, Detroit, Michigan. Subject to tax interests of Auditor General, State of Michigan, Lansing, Michigan. PARCEL CONDEMN THE FEE

All of lots of Grand River Homes Subdivision of a part of the E 1/2 of Sec. 35, T1N, R9E, Farmington Twp., Oakland County, Michigan, according to the plat thereof recorded in Liber 22 of Plats, Page 10, Oakland County Records. Interested Parties: Caroline (Wittman) Schweizer, 21511 Middlebelt, Farmington, Michigan. Stecker and Huff, Inc., 5 West Larned Street, Detroit, Michigan. Subject to tax interests of Auditor General, State of Michigan, Lansing, Michigan. PARCEL CONDEMN THE FEE

All of lots of Grand River Homes Subdivision of a part of the E 1/2 of Sec. 35, T1N, R9E, Farmington Twp., Oakland County, Michigan, according to the plat thereof recorded in Liber 22 of Plats, Page 10, Oakland County Records. Interested Parties: Caroline (Wittman) Schweizer, 21511 Middlebelt, Farmington, Michigan. Stecker and Huff, Inc., 5 West Larned Street, Detroit, Michigan. Subject to tax interests of Auditor General, State of Michigan, Lansing, Michigan. PARCEL CONDEMN THE FEE

All of lots of Grand River Homes Subdivision of a part of the E 1/2 of Sec. 35, T1N, R9E, Farmington Twp., Oakland County, Michigan, according to the plat thereof recorded in Liber 22 of Plats, Page 10, Oakland County Records. Interested Parties: Caroline (Wittman) Schweizer, 21511 Middlebelt, Farmington, Michigan. Stecker and Huff, Inc., 5 West Larned Street, Detroit, Michigan. Subject to tax interests of Auditor General, State of Michigan, Lansing, Michigan. PARCEL CONDEMN THE FEE

All of lots of Grand River Homes Subdivision of a part of the E 1/2 of Sec. 35, T1N, R9E, Farmington Twp., Oakland County, Michigan, according to the plat thereof recorded in Liber 22 of Plats, Page 10, Oakland County Records. Interested Parties: Caroline (Wittman) Schweizer, 21511 Middlebelt, Farmington, Michigan. Stecker and Huff, Inc., 5 West Larned Street, Detroit, Michigan. Subject to tax interests of Auditor General, State of Michigan, Lansing, Michigan. PARCEL CONDEMN THE FEE

All of lots of Grand River Homes Subdivision of a part of the E 1/2 of Sec. 35, T1N, R9E, Farmington Twp., Oakland County, Michigan, according to the plat thereof recorded in Liber 22 of Plats, Page 10, Oakland County Records. Interested Parties: Caroline (Wittman) Schweizer, 21511 Middlebelt, Farmington, Michigan. Stecker and Huff, Inc., 5 West Larned Street, Detroit, Michigan. Subject to tax interests of Auditor General, State of Michigan, Lansing, Michigan. PARCEL CONDEMN THE FEE

All of lots of Grand River Homes Subdivision of a part of the E 1/2 of Sec. 35, T1N, R9E, Farmington Twp., Oakland County, Michigan, according to the plat thereof recorded in Liber 22 of Plats, Page 10, Oakland County Records. Interested Parties: Caroline (Wittman) Schweizer, 21511 Middlebelt, Farmington, Michigan. Stecker and Huff, Inc., 5 West Larned Street, Detroit, Michigan. Subject to tax interests of Auditor General, State of Michigan, Lansing, Michigan. PARCEL CONDEMN THE FEE

All of lots of Grand River Homes Subdivision of a part of the E 1/2 of Sec. 35, T1N, R9E, Farmington Twp., Oakland County, Michigan, according to the plat thereof recorded in Liber 22 of Plats, Page 10, Oakland County Records. Interested Parties: Caroline (Wittman) Schweizer, 21511 Middlebelt, Farmington, Michigan. Stecker and Huff, Inc., 5 West Larned Street, Detroit, Michigan. Subject to tax interests of Auditor General, State of Michigan, Lansing, Michigan. PARCEL CONDEMN THE FEE

All of lots of Grand River Homes Subdivision of a part of the E 1/2 of Sec. 35, T1N, R9E, Farmington Twp., Oakland County, Michigan, according to the plat thereof recorded in Liber 22 of Plats, Page 10, Oakland County Records. Interested Parties: Caroline (Wittman) Schweizer, 21511 Middlebelt, Farmington, Michigan. Stecker and Huff, Inc., 5 West Larned Street, Detroit, Michigan. Subject to tax interests of Auditor General, State of Michigan, Lansing, Michigan. PARCEL CONDEMN THE FEE

All of lots of Grand River Homes Subdivision of a part of the E 1/2 of Sec. 35, T1N, R9E, Farmington Twp., Oakland County, Michigan, according to the plat thereof recorded in Liber 22 of Plats, Page 10, Oakland County Records. Interested Parties: Caroline (Wittman) Schweizer, 21511 Middlebelt, Farmington, Michigan. Stecker and Huff, Inc., 5 West Larned Street, Detroit, Michigan. Subject to tax interests of Auditor General, State of Michigan, Lansing, Michigan. PARCEL CONDEMN THE FEE

All of lots of Grand River Homes Subdivision of a part of the E 1/2 of Sec. 35, T1N, R9E, Farmington Twp., Oakland County, Michigan, according to the plat thereof recorded in Liber 22 of Plats, Page 10, Oakland County Records. Interested Parties: Caroline (Wittman) Schweizer, 21511 Middlebelt, Farmington, Michigan. Stecker and Huff, Inc., 5 West Larned Street, Detroit, Michigan. Subject to tax interests of Auditor General, State of Michigan, Lansing, Michigan. PARCEL CONDEMN THE FEE

All of lots of Grand River Homes Subdivision of a part of the E 1/2 of Sec. 35, T1N, R9E, Farmington Twp., Oakland County, Michigan, according to the plat thereof recorded in Liber 22 of Plats, Page 10, Oakland County Records. Interested Parties: Caroline (Wittman) Schweizer, 21511 Middlebelt, Farmington, Michigan. Stecker and Huff, Inc., 5 West Larned Street, Detroit, Michigan. Subject to tax interests of Auditor General, State of Michigan, Lansing, Michigan. PARCEL CONDEMN THE FEE

All of lots of Grand River Homes Subdivision of a part of the E 1/2 of Sec. 35, T1N, R9E, Farmington Twp., Oakland County, Michigan, according to the plat thereof recorded in Liber 22 of Plats, Page 10, Oakland County Records. Interested Parties: Caroline (Wittman) Schweizer, 21511 Middlebelt, Farmington, Michigan. Stecker and Huff, Inc., 5 West Larned Street, Detroit, Michigan. Subject to tax interests of Auditor General, State of Michigan, Lansing, Michigan. PARCEL CONDEMN THE FEE

All of lots of Grand River Homes Subdivision of a part of the E 1/2 of Sec. 35, T1N, R9E, Farmington Twp., Oakland County, Michigan, according to the plat thereof recorded in Liber 22 of Plats, Page 10, Oakland County Records. Interested Parties: Caroline (Wittman) Schweizer, 21511 Middlebelt, Farmington, Michigan. Stecker and Huff, Inc., 5 West Larned Street, Detroit, Michigan. Subject to tax interests of Auditor General, State of Michigan, Lansing, Michigan. PARCEL CONDEMN THE FEE

All of lots of Grand River Homes Subdivision of a part of the E 1/2 of Sec. 35, T1N, R9E, Farmington Twp., Oakland County, Michigan, according to the plat thereof recorded in Liber 22 of Plats, Page 10, Oakland County Records. Interested Parties: Caroline (Wittman) Schweizer, 21511 Middlebelt, Farmington, Michigan. Stecker and Huff, Inc., 5 West Larned Street, Detroit, Michigan. Subject to tax interests of Auditor General, State of Michigan, Lansing, Michigan. PARCEL CONDEMN THE FEE

All of lots of Grand River Homes Subdivision of a part of the E 1/2 of Sec. 35, T1N, R9E, Farmington Twp., Oakland County, Michigan, according to the plat thereof recorded in Liber 22 of Plats, Page 10, Oakland County Records. Interested Parties: Caroline (Wittman) Schweizer, 21511 Middlebelt, Farmington, Michigan. Stecker and Huff, Inc., 5 West Larned Street, Detroit, Michigan. Subject to tax interests of Auditor General, State of Michigan, Lansing, Michigan. PARCEL CONDEMN THE FEE

All of lots of Grand River Homes Subdivision of a part of the E 1/2 of Sec. 35, T1N, R9E, Farmington Twp., Oakland County, Michigan, according to the plat thereof recorded in Liber 22 of Plats, Page 10, Oakland County Records. Interested Parties: Caroline (Wittman) Schweizer, 21511 Middlebelt, Farmington, Michigan. Stecker and Huff, Inc., 5 West Larned Street, Detroit, Michigan. Subject to tax interests of Auditor General, State of Michigan, Lansing, Michigan. PARCEL CONDEMN THE FEE

All of lots of Grand River Homes Subdivision of a part of the E 1/2 of Sec. 35, T1N, R9E, Farmington Twp., Oakland County, Michigan, according to the plat thereof recorded in Liber 22 of Plats, Page 10, Oakland County Records. Interested Parties: Caroline (Wittman) Schweizer, 21511 Middlebelt, Farmington, Michigan. Stecker and Huff, Inc., 5 West Larned Street, Detroit, Michigan. Subject to tax interests of Auditor General, State of Michigan, Lansing, Michigan. PARCEL CONDEMN THE FEE

All of lots of Grand River Homes Subdivision of a part of the E 1/2 of Sec. 35, T1N, R9E, Farmington Twp., Oakland County, Michigan, according to the plat thereof recorded in Liber 22 of Plats, Page 10, Oakland County Records. Interested Parties: Caroline (Wittman) Schweizer, 21511 Middlebelt, Farmington, Michigan. Stecker and Huff, Inc., 5 West Larned Street, Detroit, Michigan. Subject to tax interests of Auditor General, State of Michigan, Lansing, Michigan. PARCEL CONDEMN THE FEE

All of lots of Grand River Homes Subdivision of a part of the E 1/2 of Sec. 35, T1N, R9E, Farmington Twp., Oakland County, Michigan, according to the plat thereof recorded in Liber 22 of Plats, Page 10, Oakland County Records. Interested Parties: Caroline (Wittman) Schweizer, 21511 Middlebelt, Farmington, Michigan. Stecker and Huff, Inc., 5 West Larned Street, Detroit, Michigan. Subject to tax interests of Auditor General, State of Michigan, Lansing, Michigan. PARCEL CONDEMN THE FEE

All of lots of Grand River Homes Subdivision of a part of the E 1/2 of Sec. 35, T1N, R9E, Farmington Twp., Oakland County, Michigan, according to the plat thereof recorded in Liber 22 of Plats, Page 10, Oakland County Records. Interested Parties: Caroline (Wittman) Schweizer, 21511 Middlebelt, Farmington, Michigan. Stecker and Huff, Inc., 5 West Larned Street, Detroit, Michigan. Subject to tax interests of Auditor General, State of Michigan, Lansing, Michigan. PARCEL CONDEMN THE FEE

All of lots of Grand River Homes Subdivision of a part of the E 1/2 of Sec. 35, T1N, R9E, Farmington Twp., Oakland County, Michigan, according to the plat thereof recorded in Liber 22 of Plats, Page 10, Oakland County Records. Interested Parties: Caroline (Wittman) Schweizer, 21511 Middlebelt, Farmington, Michigan. Stecker and Huff, Inc., 5 West Larned Street, Detroit, Michigan. Subject to tax interests of Auditor General, State of Michigan, Lansing, Michigan. PARCEL CONDEMN THE FEE

CONDEMN THE FEE
All of lots 193, 194, 195 of Grand River Homes Subdivision of a part of the E 1/2 of Sec. 35, T1N, R9E, Farmington Twp., Oakland County, Michigan, according to the plat thereof recorded in Liber 22 of Plats, Page 10, Oakland County Records. Interested Parties: Caroline (Wittman) Schweizer, 21511 Middlebelt, Farmington, Michigan.
PARCEL	EST. DAMAGES	EST. BENEFITS	NET EST.
190, 191, 192	$2050.00	None	$2050.00
193, 194	500.00	None	500.00
195, 196, 197, 198	2000.00	None	2000.00
201	500.00	None	500.00
203	500.00	None	500.00
205	500.00	None	500.00
207	500.00	None	500.00
209	1800.00	None	1800.00
211, 212, 213	1800.00	None	1800.00
215, 216	1000.00	None	1000.00
219	500.00	None	500.00
221	500.00	None	500.00
225, 226, 227, 228	2000.00	None	2000.00
232, 233	1000.00	None	1000.00
241	500.00	None	500.00
245	500.00	None	500.00
251	500.00	None	500.00
271	1500.00	None	1500.00
276	2500.00	None	2500.00
280	2000.00	None	2000.00
294	1352.00	None	1352.00
JAMES H. LYNCH, Judge of Probate.

All of lots of Grand River Homes Subdivision of a part of the E 1/2 of Sec. 35, T1N, R9E, Farmington Twp., Oakland County, Michigan, according to the plat thereof recorded in Liber 22 of Plats, Page 10, Oakland County Records. Interested Parties: Caroline (Wittman) Schweizer, 21511 Middlebelt, Farmington, Michigan. Stecker and Huff, Inc., 5 West Larned Street, Detroit, Michigan. Subject to tax interests of Auditor General, State of Michigan, Lansing, Michigan. PARCEL CONDEMN THE FEE

All of lots of Grand River Homes Subdivision of a part of the E 1/2 of Sec. 35, T1N, R9E, Farmington Twp., Oakland County, Michigan, according to the plat thereof recorded in Liber 22 of Plats, Page 10, Oakland County Records. Interested Parties: Caroline (Wittman) Schweizer, 21511 Middlebelt, Farmington, Michigan. Stecker and Huff, Inc., 5 West Larned Street, Detroit, Michigan. Subject to tax interests of Auditor General, State of Michigan, Lansing, Michigan. PARCEL CONDEMN THE FEE

All of lots of Grand River Homes Subdivision of a part of the E 1/2 of Sec. 35, T1N, R9E, Farmington Twp., Oakland County, Michigan, according to the plat thereof recorded in Liber 22 of Plats, Page 10, Oakland County Records. Interested Parties: Caroline (Wittman) Schweizer, 21511 Middlebelt, Farmington, Michigan. Stecker and Huff, Inc., 5 West Larned Street, Detroit, Michigan. Subject to tax interests of Auditor General, State of Michigan, Lansing, Michigan. PARCEL CONDEMN THE FEE

All of lots of Grand River Homes Subdivision of a part of the E 1/2 of Sec. 35, T1N, R9E, Farmington Twp., Oakland County, Michigan, according to the plat thereof recorded in Liber 22 of Plats, Page 10, Oakland County Records. Interested Parties: Caroline (Wittman) Schweizer, 21511 Middlebelt, Farmington, Michigan. Stecker and Huff, Inc., 5 West Larned Street, Detroit, Michigan. Subject to tax interests of Auditor General, State of Michigan, Lansing, Michigan. PARCEL CONDEMN THE FEE

All of lots of Grand River Homes Subdivision of a part of the E 1/2 of Sec. 35, T1N, R9E, Farmington Twp., Oakland County, Michigan, according to the plat thereof recorded in Liber 22 of Plats, Page 10, Oakland County Records. Interested Parties: Caroline (Wittman) Schweizer, 21511 Middlebelt, Farmington, Michigan. Stecker and Huff, Inc., 5 West Larned Street, Detroit, Michigan. Subject to tax interests of Auditor General, State of Michigan, Lansing, Michigan. PARCEL CONDEMN THE FEE

All of lots of Grand River Homes Subdivision of a part of the E 1/2 of Sec. 35, T1N, R9E, Farmington Twp., Oakland County, Michigan, according to the plat thereof recorded in Liber 22 of Plats, Page 10, Oakland County Records. Interested Parties: Caroline (Wittman) Schweizer, 21511 Middlebelt, Farmington, Michigan. Stecker and Huff, Inc., 5 West Larned Street, Detroit, Michigan. Subject to tax interests of Auditor General, State of Michigan, Lansing, Michigan. PARCEL CONDEMN THE FEE

All of lots of Grand River Homes Subdivision of a part of the E 1/2 of Sec. 35, T1N, R9E, Farmington Twp., Oakland County, Michigan, according to the plat thereof recorded in Liber 22 of Plats, Page 10, Oakland County Records. Interested Parties: Caroline (Wittman) Schweizer, 21511 Middlebelt, Farmington, Michigan. Stecker and Huff, Inc., 5 West Larned Street, Detroit, Michigan. Subject to tax interests of Auditor General, State of Michigan, Lansing, Michigan. PARCEL CONDEMN THE FEE

All of lots of Grand River Homes Subdivision of a part of the E 1/2 of Sec. 35, T1N, R9E, Farmington Twp., Oakland County, Michigan, according to the plat thereof recorded in Liber 22 of Plats, Page 10, Oakland County Records. Interested Parties: Caroline (Wittman) Schweizer, 21511 Middlebelt, Farmington, Michigan. Stecker and Huff, Inc., 5 West Larned Street, Detroit, Michigan. Subject to tax interests of Auditor General, State of Michigan, Lansing, Michigan. PARCEL CONDEMN THE FEE

All of lots of Grand River Homes Subdivision of a part of the E 1/2 of Sec. 35, T1N, R9E, Farmington Twp., Oakland County, Michigan, according to the plat thereof recorded in Liber 22 of Plats, Page 10, Oakland County Records. Interested Parties: Caroline (Wittman) Schweizer, 21511 Middlebelt, Farmington, Michigan. Stecker and Huff, Inc., 5 West Larned Street, Detroit, Michigan. Subject to tax interests of Auditor General, State of Michigan, Lansing, Michigan. PARCEL CONDEMN THE FEE

All of lots of Grand River Homes Subdivision of a part of the E 1/2 of Sec. 35, T1N, R9E, Farmington Twp., Oakland County, Michigan, according to the plat thereof recorded in Liber 22 of Plats, Page 10, Oakland County Records. Interested Parties: Caroline (Wittman) Schweizer, 21511 Middlebelt, Farmington, Michigan. Stecker and Huff, Inc., 5 West Larned Street, Detroit, Michigan. Subject to tax interests of Auditor General, State of Michigan, Lansing, Michigan. PARCEL CONDEMN THE FEE

All of lots of Grand River Homes Subdivision of a part of the E 1/2 of Sec. 35, T1N, R9E, Farmington Twp., Oakland County, Michigan, according to the plat thereof recorded in Liber 22 of Plats, Page 10, Oakland County Records. Interested Parties: Caroline (Wittman) Schweizer, 21511 Middlebelt, Farmington, Michigan. Stecker and Huff, Inc., 5 West Larned Street, Detroit, Michigan. Subject to tax interests of Auditor General, State of Michigan, Lansing, Michigan. PARCEL CONDEMN THE FEE

All of lots of Grand River Homes Subdivision of a part of the E 1/2 of Sec. 35, T1N, R9E, Farmington Twp., Oakland County, Michigan, according to the plat thereof recorded in Liber 22 of Plats, Page 10, Oakland County Records. Interested Parties: Caroline (Wittman) Schweizer, 21511 Middlebelt, Farmington, Michigan. Stecker and Huff, Inc., 5 West Larned Street, Detroit, Michigan. Subject to tax interests of Auditor General, State of Michigan, Lansing, Michigan. PARCEL CONDEMN THE FEE

All of lots of Grand River Homes Subdivision of a part of the E 1/2 of Sec. 35, T1N, R9E, Farmington Twp., Oakland County, Michigan, according to the plat thereof recorded in Liber 22 of Plats, Page 10, Oakland County Records. Interested Parties: Caroline (Wittman) Schweizer, 21511 Middlebelt, Farmington, Michigan. Stecker and Huff, Inc., 5 West Larned Street, Detroit, Michigan. Subject to tax interests of Auditor General, State of Michigan, Lansing, Michigan. PARCEL CONDEMN THE FEE

All of lots of Grand River Homes Subdivision of a part of the E 1/2 of Sec. 35, T1N, R9E, Farmington Twp., Oakland County, Michigan, according to the plat thereof recorded in Liber 22 of Plats, Page 10, Oakland County Records. Interested Parties: Caroline (Wittman) Schweizer, 21511 Middlebelt, Farmington, Michigan. Stecker and Huff, Inc., 5 West Larned Street, Detroit, Michigan. Subject to tax interests of Auditor General, State of Michigan, Lansing, Michigan. PARCEL CONDEMN THE FEE

All of lots of Grand River Homes Subdivision of a part of the E 1/2 of Sec. 35, T1N, R9E, Farmington Twp., Oakland County, Michigan, according to the plat thereof recorded in Liber 22 of Plats, Page 10, Oakland County Records. Interested Parties: Caroline (Wittman) Schweizer, 21511 Middlebelt, Farmington, Michigan. Stecker and Huff, Inc., 5 West Larned Street, Detroit, Michigan. Subject to tax interests of Auditor General, State of Michigan, Lansing, Michigan. PARCEL CONDEMN THE FEE

All of lots of Grand River Homes Subdivision of a part of the E 1/2 of Sec. 35, T1N, R9E, Farmington Twp., Oakland County, Michigan, according to the plat thereof recorded in Liber 22 of Plats, Page 10, Oakland County Records. Interested Parties: Caroline (Wittman) Schweizer, 21511 Middlebelt, Farmington, Michigan. Stecker and Huff, Inc., 5 West Larned Street, Detroit, Michigan. Subject to tax interests of Auditor General, State of Michigan, Lansing, Michigan. PARCEL CONDEMN THE FEE

All of lots of Grand River Homes Subdivision of a part of the E 1/2 of Sec. 35, T1N, R9E, Farmington Twp., Oakland County, Michigan, according to the plat thereof recorded in Liber 22 of Plats, Page 10, Oakland County Records. Interested Parties: Caroline (Wittman) Schweizer, 21511 Middlebelt, Farmington, Michigan. Stecker and Huff, Inc., 5 West Larned Street, Detroit, Michigan. Subject to tax interests of Auditor General, State of Michigan, Lansing, Michigan. PARCEL CONDEMN THE FEE

All of lots of Grand River Homes Subdivision of a part of the E 1/2 of Sec. 35, T1N, R9E, Farmington Twp., Oakland County, Michigan, according to the plat thereof recorded in Liber 22 of Plats, Page 10, Oakland County Records. Interested Parties: Caroline (Wittman) Schweizer, 21511 Middlebelt, Farmington, Michigan. Stecker and Huff, Inc., 5 West Larned Street, Detroit, Michigan. Subject to tax interests of Auditor General, State of Michigan, Lansing, Michigan. PARCEL CONDEMN THE FEE

All of lots of Grand River Homes Subdivision of a part of the E 1/2 of Sec. 35, T1N, R9E, Farmington Twp., Oakland County, Michigan, according to the plat thereof recorded in Liber 22 of Plats, Page 10, Oakland County Records. Interested Parties: Caroline (Wittman) Schweizer, 21511 Middlebelt, Farmington, Michigan. Stecker and Huff, Inc., 5 West Larned Street, Detroit, Michigan. Subject to tax interests of Auditor General, State of Michigan, Lansing, Michigan. PARCEL CONDEMN THE FEE

All of lots of Grand River Homes Subdivision of a part of the E 1/2 of Sec. 35, T1N, R9E, Farmington Twp., Oakland County, Michigan, according to the plat thereof recorded in Liber 22 of Plats, Page 10, Oakland County Records. Interested Parties: Caroline (Wittman) Schweizer, 21511 Middlebelt, Farmington, Michigan. Stecker and Huff, Inc., 5 West Larned Street, Detroit, Michigan. Subject to tax interests of Auditor General, State of Michigan, Lansing, Michigan. PARCEL CONDEMN THE FEE

All of lots of Grand River Homes Subdivision of a part of the E 1/2 of Sec. 35, T1N, R9E, Farmington Twp., Oakland County, Michigan, according to the plat thereof recorded in Liber 22 of Plats, Page 10, Oakland County Records. Interested Parties: Caroline (Wittman) Schweizer, 21511 Middlebelt, Farmington, Michigan. Stecker and Huff, Inc., 5 West Larned Street, Detroit, Michigan. Subject to tax interests of Auditor General, State of Michigan, Lansing, Michigan. PARCEL CONDEMN THE FEE

All of lots of Grand River Homes Subdivision of a part of the E 1/2 of Sec. 35, T1N, R9E, Farmington Twp., Oakland County, Michigan, according to the plat thereof recorded in Liber 22 of Plats, Page 10, Oakland County Records. Interested Parties: Caroline (Wittman) Schweizer, 21511 Middlebelt, Farmington, Michigan. Stecker and Huff, Inc., 5 West Larned Street, Detroit, Michigan. Subject to tax interests of Auditor General, State of Michigan, Lansing, Michigan. PARCEL CONDEMN THE FEE

All of lots of Grand River Homes Subdivision of a part of the E 1/2 of Sec. 35, T1N, R9E, Farmington Twp., Oakland County, Michigan, according to the plat thereof recorded in Liber 22 of Plats, Page 10, Oakland County Records. Interested Parties: Caroline (Wittman) Schweizer, 21511 Middlebelt, Farmington, Michigan. Stecker and Huff, Inc., 5 West Larned Street, Detroit, Michigan. Subject to tax interests of Auditor General, State of Michigan, Lansing, Michigan. PARCEL CONDEMN THE FEE

All of lots of Grand River Homes Subdivision of a part of the E 1/2 of Sec. 35, T1N, R9E, Farmington Twp., Oakland County, Michigan, according to the plat thereof recorded in Liber 22 of Plats, Page 10, Oakland County Records. Interested Parties: Caroline (Wittman) Schweizer, 21511 Middlebelt, Farmington, Michigan. Stecker and Huff, Inc., 5 West Larned Street, Detroit, Michigan. Subject to tax interests of Auditor General, State of Michigan, Lansing, Michigan. PARCEL CONDEMN THE FEE

All of lots of Grand River Homes Subdivision of a part of the E 1/2 of Sec. 35, T1N, R9E, Farmington Twp., Oakland County, Michigan, according to the plat thereof recorded in Liber 22 of Plats, Page 10, Oakland County Records. Interested Parties: Caroline (Wittman) Schweizer, 21511 Middlebelt, Farmington, Michigan. Stecker and Huff, Inc., 5 West Larned Street, Detroit, Michigan. Subject to tax interests of Auditor General, State of Michigan, Lansing, Michigan. PARCEL CONDEMN THE FEE

All of lots of Grand River Homes Subdivision of a part of the E 1/2 of Sec. 35, T1N, R9E, Farmington Twp., Oakland County, Michigan, according to the plat thereof recorded in Liber 22 of Plats, Page 10, Oakland County Records. Interested Parties: Caroline (Wittman) Schweizer, 21511 Middlebelt, Farmington, Michigan. Stecker and Huff, Inc., 5 West Larned Street, Detroit, Michigan. Subject to tax interests of Auditor General, State of Michigan, Lansing, Michigan. PARCEL CONDEMN THE FEE

All of lots of Grand River Homes Subdivision of a part of the E 1/2 of Sec. 35, T1N, R9E, Farmington Twp., Oakland County, Michigan, according to the plat thereof recorded in Liber 22 of Plats, Page 10, Oakland County Records. Interested Parties: Caroline (Wittman) Schweizer, 21511 Middlebelt, Farmington, Michigan. Stecker and Huff, Inc., 5 West Larned Street, Detroit, Michigan. Subject to tax interests of Auditor General, State of Michigan, Lansing, Michigan. PARCEL CONDEMN THE FEE

All of lots of Grand River Homes Subdivision of a part of the E 1/2 of Sec. 35, T1N, R9E, Farmington Twp., Oakland County, Michigan, according to the plat thereof recorded in Liber 22 of Plats, Page 10, Oakland County Records. Interested Parties: Caroline (Wittman) Schweizer, 21511 Middlebelt, Farmington, Michigan. Stecker and Huff, Inc., 5 West Larned Street, Detroit, Michigan. Subject to tax interests of Auditor General, State of Michigan, Lansing, Michigan. PARCEL CONDEMN THE FEE

All of lots of Grand River Homes Subdivision of a part of the E 1/2 of Sec. 35, T1N, R9E, Farmington Twp., Oakland County, Michigan, according to the plat thereof recorded in Liber 22 of Plats, Page 10, Oakland County Records. Interested Parties: Caroline (Wittman) Schweizer, 21511 Middlebelt, Farmington, Michigan. Stecker and Huff, Inc., 5 West Larned Street, Detroit, Michigan. Subject to tax interests of Auditor General, State of Michigan, Lansing, Michigan. PARCEL CONDEMN THE FEE

All of lots of Grand River Homes Subdivision of a part of the E 1/2 of Sec. 35, T1N, R9E, Farmington Twp., Oakland County, Michigan, according to the plat thereof recorded in Liber 22 of Plats, Page 10, Oakland County Records. Interested Parties: Caroline (Wittman) Schweizer, 21511 Middlebelt, Farmington, Michigan. Stecker and Huff, Inc., 5 West Larned Street, Detroit, Michigan. Subject to tax interests of Auditor General, State of Michigan, Lansing, Michigan. PARCEL CONDEMN THE FEE

All of lots of Grand River Homes Subdivision of a part of the E 1/2 of Sec. 35, T1N, R9E, Farmington Twp., Oakland County, Michigan, according to the plat thereof recorded in Liber 22 of Plats, Page 10, Oakland County Records. Interested Parties: Caroline (Wittman) Schweizer, 21511 Middlebelt, Farmington, Michigan. Stecker and Huff, Inc., 5 West Larned Street, Detroit, Michigan. Subject to tax interests of Auditor General, State of Michigan, Lansing, Michigan. PARCEL CONDEMN THE FEE

All of lots of Grand River Homes Subdivision of a part of the E 1/2 of Sec. 35, T1N, R9E, Farmington Twp., Oakland County, Michigan, according to the plat thereof recorded in Liber 22 of Plats, Page 10, Oakland County Records. Interested Parties: Caroline (Wittman) Schweizer, 21511 Middlebelt, Farmington, Michigan. Stecker and Huff, Inc., 5 West Larned Street, Detroit, Michigan. Subject to tax interests of Auditor General, State of Michigan, Lansing, Michigan. PARCEL CONDEMN THE FEE

All of lots of Grand River Homes Subdivision of a part of the E 1/2 of Sec. 35, T1N, R9E, Farmington Twp., Oakland County, Michigan, according to the plat thereof recorded in Liber 22 of Plats, Page 10, Oakland County Records. Interested Parties: Caroline (Wittman) Schweizer, 21511 Middlebelt, Farmington, Michigan. Stecker and Huff, Inc., 5 West Larned Street, Detroit, Michigan. Subject to tax interests of Auditor General, State of Michigan, Lansing, Michigan. PARCEL CONDEMN THE FEE

All of lots of Grand River Homes Subdivision of a part of the E 1/2 of Sec. 35, T1N, R9E, Farmington Twp., Oakland County, Michigan, according to the plat thereof recorded in Liber 22 of Plats, Page 10, Oakland County Records. Interested Parties: Caroline (Wittman) Schweizer, 21511 Middlebelt, Farmington, Michigan. Stecker and Huff, Inc., 5 West Larned Street, Detroit, Michigan. Subject to tax interests of Auditor General, State of Michigan, Lansing, Michigan. PARCEL CONDEMN THE FEE

All of lots of Grand River Homes Subdivision of a part of the E 1/2 of Sec. 35, T1N, R9E, Farmington Twp., Oakland County, Michigan, according to the plat thereof recorded in Liber 22 of Plats, Page 10, Oakland County Records. Interested Parties: Caroline (Wittman) Schweizer, 21511 Middlebelt, Farmington, Michigan. Stecker and Huff, Inc., 5 West Larned Street, Detroit, Michigan. Subject to tax interests of Auditor General, State of Michigan, Lansing, Michigan. PARCEL CONDEMN THE FEE

All of lots of Grand River Homes Subdivision of a part of the E 1/2 of Sec. 35, T1N, R9E, Farmington Twp., Oakland County, Michigan, according to the plat thereof recorded in Liber 22 of Plats, Page 10, Oakland County Records. Interested Parties: Caroline (Wittman) Schweizer, 21511 Middlebelt, Farmington, Michigan. Stecker and Huff, Inc., 5 West Larned Street, Detroit, Michigan. Subject to tax interests of Auditor General, State of Michigan, Lansing, Michigan. PARCEL CONDEMN THE FEE

All of lots of Grand River Homes Subdivision of a part of the E 1/2 of Sec. 35, T1N, R9E, Farmington Twp., Oakland County, Michigan, according to the plat thereof recorded in Liber 22 of Plats, Page 10, Oakland County Records. Interested Parties: Caroline (Wittman) Schweizer, 21511 Middlebelt, Farmington, Michigan. Stecker and Huff, Inc., 5 West Larned Street, Detroit, Michigan. Subject to tax interests of Auditor General, State of Michigan, Lansing, Michigan. PARCEL CONDEMN THE FEE

All of lots of Grand River Homes Subdivision of a part of the E 1/2 of Sec. 35, T1N, R9E, Farmington Twp., Oakland County, Michigan, according to the plat thereof recorded in Liber 22 of Plats, Page 10, Oakland County Records. Interested Parties: Caroline (Wittman) Schweizer, 21511 Middlebelt, Farmington, Michigan. Stecker and Huff, Inc., 5 West Larned Street, Detroit, Michigan. Subject to tax interests of Auditor General, State of Michigan, Lansing, Michigan. PARCEL CONDEMN THE FEE

All of lots of Grand River Homes Subdivision of a part of the E 1/2 of Sec. 35, T1N, R9E, Farmington Twp., Oakland County, Michigan, according to the plat thereof recorded in Liber 22 of Plats, Page 10, Oakland County Records. Interested Parties: Caroline (Wittman) Schweizer, 21511 Middlebelt, Farmington, Michigan. Stecker and Huff, Inc., 5 West Larned Street, Detroit, Michigan. Subject to tax interests of Auditor General, State of Michigan, Lansing, Michigan. PARCEL CONDEMN THE FEE

All of lots of Grand River Homes Subdivision of a part of the E 1/2 of Sec. 35, T1N, R9E, Farmington Twp., Oakland County, Michigan, according to the plat thereof recorded in Liber 22 of Plats, Page 10, Oakland County Records. Interested Parties: Caroline (Wittman) Schweizer, 21511 Middlebelt, Farmington, Michigan. Stecker and Huff, Inc., 5 West Larned Street, Detroit, Michigan. Subject to tax interests of Auditor General, State of Michigan, Lansing, Michigan. PARCEL CONDEMN THE FEE

All of lots of Grand River Homes Subdivision of a part of the E 1/2 of Sec. 35, T1N, R9E, Farmington Twp., Oakland County, Michigan, according to the plat thereof recorded in Liber 22 of Plats, Page 10, Oakland County Records. Interested Parties: Caroline (Wittman) Schweizer, 21511 Middlebelt, Farmington, Michigan. Stecker and Huff, Inc., 5 West Larned Street, Detroit, Michigan. Subject to tax interests of Auditor General, State of Michigan, Lansing, Michigan. PARCEL CONDEMN THE FEE

All of lots of Grand River Homes Subdivision of a part of the E 1/2 of Sec. 35, T1N, R9E, Farmington Twp., Oakland County, Michigan, according to the plat thereof recorded in Liber 22 of Plats, Page 10, Oakland County Records. Interested Parties: Caroline (Wittman) Schweizer, 21511 Middlebelt, Farmington, Michigan. Stecker and Huff, Inc., 5 West Larned Street, Detroit, Michigan. Subject to tax interests of Auditor General, State of Michigan, Lansing, Michigan. PARCEL CONDEMN THE FEE

All of lots of Grand River Homes Subdivision of a part of the E 1/2 of Sec. 35, T1N, R9E, Farmington Twp., Oakland County, Michigan, according to the plat thereof recorded in Liber 22 of Plats, Page 10, Oakland County Records. Interested Parties: Caroline (Wittman) Schweizer, 21511 Middlebelt, Farmington, Michigan. Stecker and Huff, Inc., 5 West Larned Street, Detroit, Michigan. Subject to tax interests of Auditor General, State of Michigan, Lansing, Michigan. PARCEL CONDEMN THE FEE

All of lots of Grand River Homes Subdivision of a part of the E 1/2 of Sec. 35, T1N, R9E, Farmington Twp., Oakland County, Michigan, according to the plat thereof recorded in Liber 22 of Plats, Page 10, Oakland County Records. Interested Parties: Caroline (Wittman) Schweizer, 21511 Middlebelt, Farmington, Michigan. Stecker and Huff, Inc., 5 West Larned Street, Detroit, Michigan. Subject to tax interests of Auditor General, State of Michigan, Lansing, Michigan. PARCEL CONDEMN THE FEE

All of lots of Grand River Homes Subdivision of a part of the E 1/2 of Sec. 35, T1N, R9E, Farmington Twp., Oakland County, Michigan, according to the plat thereof recorded in Liber 22 of Plats, Page 10, Oakland County Records. Interested Parties: Caroline (Wittman) Schweizer, 21511 Middlebelt, Farmington, Michigan. Stecker and Huff, Inc., 5 West Larned Street, Detroit, Michigan. Subject to tax interests of Auditor General, State of Michigan, Lansing, Michigan. PARCEL CONDEMN THE FEE

All of lots of Grand River Homes Subdivision of a part of the E 1/2 of Sec. 35, T1N, R9E, Farmington Twp., Oakland County, Michigan, according to the plat thereof recorded in Liber 22 of Plats, Page 10, Oakland County Records. Interested Parties: Caroline (Wittman) Schweizer, 21511 Middlebelt, Farmington, Michigan. Stecker and Huff, Inc., 5 West Larned Street, Detroit, Michigan. Subject to tax interests of Auditor General, State of Michigan, Lansing, Michigan. PARCEL CONDEMN THE FEE

All of lots of Grand River Homes Subdivision of a part of the E 1/2 of Sec. 35, T1N, R9E, Farmington Twp., Oakland County, Michigan, according to the plat thereof recorded in Liber 22 of Plats, Page 10, Oakland County Records. Interested Parties: Caroline (Wittman) Schweizer, 21511 Middlebelt, Farmington, Michigan. Stecker and Huff, Inc., 5 West Larned Street, Detroit, Michigan. Subject to tax interests of Auditor General, State of Michigan, Lansing, Michigan. PARCEL CONDEMN THE FEE

All of lots of Grand River Homes Subdivision of a part of the E 1/2 of Sec. 35, T1N, R9E, Farmington Twp., Oakland County, Michigan, according to the plat thereof recorded in Liber 22 of Plats, Page 10, Oakland County Records. Interested Parties: Caroline (Wittman) Schweizer, 21511 Middlebelt, Farmington, Michigan. Stecker and Huff, Inc., 5 West Larned Street, Detroit, Michigan. Subject to tax interests of Auditor General, State of Michigan, Lansing, Michigan. PARCEL CONDEMN THE FEE

All of lots of Grand River Homes Subdivision of a part of the E 1/2 of Sec. 35, T1N, R9E, Farmington Twp., Oakland County, Michigan, according to the plat thereof recorded in Liber 22 of Plats, Page 10, Oakland County Records. Interested Parties: Caroline (Wittman) Schweizer, 21511 Middlebelt, Farmington, Michigan. Stecker and Huff, Inc., 5 West Larned Street, Detroit, Michigan. Subject to tax interests of Auditor General, State of Michigan, Lansing, Michigan. PARCEL CONDEMN THE FEE

All of lots of Grand River Homes Subdivision of a part of the E 1/2 of Sec. 35, T1N, R9E, Farmington Twp., Oakland County, Michigan, according to the plat thereof recorded in Liber 22 of Plats, Page 10, Oakland County Records. Interested Parties: Caroline (Wittman) Schweizer, 21511 Middlebelt, Farmington, Michigan. Stecker and Huff, Inc., 5 West Larned Street, Detroit, Michigan. Subject to tax interests of Auditor General, State of Michigan, Lansing, Michigan. PARCEL CONDEMN THE FEE

All of lots of Grand River Homes Subdivision of a part of the E 1/2 of Sec. 35, T1N, R9E, Farmington Twp., Oakland County, Michigan, according to the plat thereof recorded in Liber 22 of Plats, Page 10, Oakland County Records. Interested Parties: Caroline (Wittman) Schweizer, 21511 Middlebelt, Farmington, Michigan. Stecker and Huff, Inc., 5 West Larned Street, Detroit, Michigan. Subject to tax interests of Auditor General, State of Michigan, Lansing, Michigan. PARCEL CONDEMN THE FEE

All of lots of Grand River Homes Subdivision of a part of the E 1/2 of Sec. 35, T1N, R9E, Farmington Twp., Oakland County, Michigan, according to the plat thereof recorded in Liber 22 of Plats, Page 10, Oakland County Records. Interested Parties: Caroline (Wittman) Schweizer, 21511 Middlebelt, Farmington, Michigan. Stecker and Huff, Inc., 5 West Larned Street, Detroit, Michigan. Subject to tax interests of Auditor General, State of Michigan, Lansing, Michigan. PARCEL CONDEMN THE FEE

All of lots of Grand River Homes Subdivision of a part of the E 1/2 of Sec. 35, T1N, R9E, Farmington Twp., Oakland County, Michigan, according to the plat thereof recorded in Liber 22 of Plats, Page 10, Oakland County Records. Interested Parties: Caroline (Wittman) Schweizer, 21511 Middlebelt, Farmington, Michigan. Stecker and Huff, Inc., 5 West Larned Street, Detroit, Michigan. Subject to tax interests of Auditor General, State of Michigan, Lansing, Michigan. PARCEL CONDEMN THE FEE

All of lots of Grand River Homes Subdivision of a part of the E 1/2 of Sec. 35, T1N, R9E, Farmington Twp., Oakland County, Michigan, according to the plat thereof recorded in Liber 22 of Plats, Page 10, Oakland County Records. Interested Parties: Caroline (Wittman) Schweizer, 21511 Middlebelt, Farmington, Michigan. Stecker and Huff, Inc., 5 West Larned Street, Detroit, Michigan. Subject to tax interests of Auditor General, State of Michigan, Lansing, Michigan. PARCEL CONDEMN THE FEE

All of lots of Grand River Homes Subdivision of a part of the E 1/2 of Sec. 35, T1N, R9E, Farmington Twp., Oakland County, Michigan, according to the plat thereof recorded in Liber 22 of Plats, Page 10, Oakland County Records. Interested Parties: Caroline (Wittman) Schweizer, 21511 Middlebelt, Farmington, Michigan. Stecker and Huff, Inc., 5 West Larned Street, Detroit, Michigan. Subject to tax interests of Auditor General, State of Michigan, Lansing, Michigan. PARCEL CONDEMN THE FEE

All of lots of Grand River Homes Subdivision of a part of the E 1/2 of Sec. 35, T1N, R9E, Farmington Twp., Oakland County, Michigan, according to the plat thereof recorded in Liber 22 of Plats, Page 10, Oakland County Records. Interested Parties: Caroline (Wittman) Schweizer, 21511 Middlebelt, Farmington, Michigan. Stecker and Huff, Inc., 5 West Larned Street, Detroit, Michigan. Subject to tax interests of Auditor General, State of Michigan, Lansing, Michigan. PARCEL CONDEMN THE FEE

All of lots of Grand River Homes Subdivision of a part of the E 1/2 of Sec. 35, T1N, R9E, Farmington Twp., Oakland County, Michigan, according to the plat thereof recorded in Liber 22 of Plats, Page 10, Oakland County Records. Interested Parties: Caroline (Wittman) Schweizer, 21511 Middlebelt, Farmington, Michigan. Stecker and Huff, Inc., 5 West Larned Street, Detroit, Michigan. Subject to tax interests of Auditor General, State of Michigan, Lansing, Michigan. PARCEL CONDEMN THE FEE

All of lots of Grand River Homes Subdivision of a part of the E 1/2 of Sec. 35, T1N, R9E, Farmington Twp., Oakland County, Michigan, according to the plat thereof recorded in Liber 22 of Plats, Page 10, Oakland County Records. Interested Parties: Caroline (Wittman) Schweizer, 21511 Middlebelt, Farmington, Michigan. Stecker and Huff, Inc., 5 West Larned Street, Detroit, Michigan. Subject to tax interests of Auditor General, State of Michigan, Lansing, Michigan. PARCEL CONDEMN THE FEE

All of lots of Grand River Homes Subdivision of a part of the E 1/2 of Sec. 35, T1N, R9E, Farmington Twp., Oakland County, Michigan, according to the plat thereof recorded in Liber 22 of Plats, Page 10, Oakland County Records. Interested Parties: Caroline (Wittman) Schweizer, 21511 Middlebelt, Farmington, Michigan. Stecker and Huff, Inc., 5 West Larned Street, Detroit, Michigan. Subject to tax interests of Auditor General, State of Michigan, Lansing, Michigan. PARCEL CONDEMN THE FEE

All of lots of Grand River Homes Subdivision of a part of the E 1/2 of Sec. 35, T1N, R9E, Farmington Twp., Oakland County, Michigan, according to the plat thereof recorded in Liber 22 of Plats, Page 10, Oakland County Records. Interested Parties: Caroline (Wittman) Schweizer, 21511 Middlebelt, Farmington, Michigan. Stecker and Huff, Inc., 5 West Larned Street, Detroit, Michigan. Subject to tax interests of Auditor General, State of Michigan, Lansing, Michigan. PARCEL CONDEMN THE FEE

All of lots of Grand River Homes Subdivision of a part of the E 1/2 of Sec. 35, T1N, R9E, Farmington Twp., Oakland County, Michigan, according to the plat thereof recorded in Liber 22 of Plats, Page 10, Oakland County Records. Interested Parties: Caroline (Wittman) Schweizer, 21511 Middlebelt, Farmington, Michigan. Stecker and Huff, Inc., 5 West Larned Street, Detroit, Michigan. Subject to tax interests of Auditor General, State of Michigan, Lansing, Michigan. PARCEL CONDEMN THE FEE

All of lots of Grand River Homes Subdivision of a part of the E 1/2 of Sec. 35, T1N, R9E, Farmington Twp., Oakland County, Michigan, according to the plat thereof recorded in Liber 22 of Plats, Page 10, Oakland County Records. Interested Parties: Caroline (Wittman) Schweizer, 21511 Middlebelt, Farmington, Michigan. Stecker and Huff, Inc., 5 West Larned Street, Detroit, Michigan. Subject to tax interests of Auditor General, State of Michigan, Lansing, Michigan. PARCEL CONDEMN THE FEE

All of lots of Grand River Homes Subdivision of a part of the E 1/2 of Sec. 35, T1N, R9E, Farmington Twp., Oakland County, Michigan, according to the plat thereof recorded in Liber 22 of Plats, Page 10, Oakland County Records. Interested Parties: Caroline (Wittman) Schweizer, 21511 Middlebelt, Farmington, Michigan. Stecker and Huff, Inc., 5 West Larned Street, Detroit, Michigan. Subject to tax interests of Auditor General, State of Michigan, Lansing, Michigan. PARCEL CONDEMN THE FEE

All of lots of Grand River Homes Subdivision of a part of the E 1/2 of Sec. 35, T1N, R9E, Farmington Twp., Oakland County, Michigan, according to the plat thereof recorded in Liber 22 of Plats, Page 10, Oakland County Records. Interested Parties: Caroline (Wittman) Schweizer, 21511 Middlebelt, Farmington, Michigan. Stecker and Huff, Inc., 5 West Larned Street, Detroit, Michigan. Subject to tax interests of Auditor General, State of Michigan, Lansing, Michigan. PARCEL CONDEMN THE FEE

All of lots of Grand River Homes Subdivision of a part of the E 1/2 of Sec. 35, T1N, R9E, Farmington Twp., Oakland County, Michigan, according to the plat thereof recorded in Liber 22 of Plats, Page 10, Oakland County Records. Interested Parties: Caroline (Wittman) Schweizer, 21511 Middlebelt, Farmington, Michigan. Stecker and Huff, Inc., 5 West Larned Street, Detroit, Michigan. Subject to tax interests of Auditor General, State of Michigan, Lansing, Michigan. PARCEL CONDEMN THE FEE

All of lots of Grand River Homes Subdivision of a part of the E 1/2 of Sec. 35, T1N, R9E, Farmington Twp., Oakland County, Michigan, according to the plat thereof recorded in Liber 22 of Plats, Page 10, Oakland County Records. Interested Parties: Caroline (Wittman) Schweizer, 21511 Middlebelt, Farmington, Michigan. Stecker and Huff, Inc., 5 West Larned Street, Detroit, Michigan. Subject to tax interests of Auditor General, State of Michigan, Lansing, Michigan. PARCEL CONDEMN THE FEE

All of lots of Grand River Homes Subdivision of a part of the E 1/2 of Sec. 35, T1N, R9E, Farmington Twp., Oakland County, Michigan, according to the plat thereof recorded in Liber 22 of Plats, Page 10, Oakland County Records. Interested Parties: Caroline (Wittman) Schweizer, 21511 Middlebelt, Farmington, Michigan. Stecker and Huff, Inc., 5 West Larned Street, Detroit, Michigan. Subject to tax interests of Auditor General, State of Michigan, Lansing, Michigan. PARCEL CONDEMN THE FEE

All of lots of Grand River Homes Subdivision of a part of the E 1/2 of Sec. 35, T1N, R9E, Farmington Twp., Oakland County, Michigan, according to the plat thereof recorded in Liber 22 of Plats, Page 10, Oakland County Records. Interested Parties: Caroline (Wittman) Schweizer, 21511 Middlebelt, Farmington, Michigan. Stecker and Huff, Inc., 5 West Larned Street, Detroit, Michigan. Subject to tax interests of Auditor General, State of Michigan, Lansing, Michigan. PARCEL CONDEMN THE FEE

All of lots of Grand River Homes Subdivision of a part of the E 1/2 of Sec. 35, T1N, R9E, Farmington Twp., Oakland County, Michigan, according to the plat thereof recorded in Liber 22 of Plats, Page 10, Oakland County Records. Interested Parties: Caroline (Wittman) Schweizer, 21511 Middlebelt, Farmington, Michigan. Stecker and Huff, Inc., 5 West Larned Street, Detroit, Michigan. Subject to tax interests of Auditor General, State of Michigan, Lansing, Michigan. PARCEL CONDEMN THE FEE

All of lots of Grand River Homes Subdivision of a part of the E 1/2 of Sec. 35, T1N, R9E, Farmington Twp., Oakland County, Michigan, according to the plat thereof recorded in Liber 22 of Plats, Page 10, Oakland County Records. Interested Parties: Caroline (Wittman) Schweizer, 21511 Middlebelt, Farmington, Michigan. Stecker and Huff, Inc., 5 West Larned Street, Detroit, Michigan. Subject to tax interests of Auditor General, State of Michigan, Lansing, Michigan. PARCEL CONDEMN THE FEE

All of lots of Grand River Homes Subdivision of a part of the E 1/2 of Sec. 35, T1N, R9E, Farmington Twp., Oakland County, Michigan, according to the plat thereof recorded in Liber 22 of Plats, Page 10, Oakland County Records. Interested Parties: Caroline (Wittman) Schweizer, 21511 Middlebelt, Farmington, Michigan. Stecker and Huff, Inc., 5 West Larned Street, Detroit, Michigan. Subject to tax interests of Auditor General, State of Michigan, Lansing, Michigan. PARCEL CONDEMN THE FEE

All of lots of Grand River Homes Subdivision of a part of the E 1/2 of Sec. 35, T1N, R9E, Farmington Twp., Oakland County, Michigan, according to the plat thereof recorded in Liber 22 of Plats, Page 10, Oakland County Records. Interested Parties: Caroline (Wittman) Schweizer, 21511 Middlebelt, Farmington, Michigan. Stecker and Huff, Inc., 5 West Larned Street, Detroit, Michigan. Subject to tax interests of Auditor General, State of Michigan, Lansing, Michigan. PARCEL CONDEMN THE FEE

All of lots of Grand River Homes Subdivision of a part of the E 1/2 of Sec. 35, T1N, R9E, Farmington Twp., Oakland County, Michigan, according to the plat thereof recorded in Liber 22 of Plats, Page 10, Oakland County Records. Interested Parties: Caroline (Wittman) Schweizer, 21511 Middlebelt, Farmington, Michigan. Stecker and Huff, Inc., 5 West Larned Street, Detroit, Michigan. Subject to tax interests of Auditor General, State of Michigan, Lansing, Michigan. PARCEL CONDEMN THE FEE

All of lots of Grand River Homes Subdivision of a part of the E 1/2 of Sec. 35, T1N, R9E, Farmington Twp., Oakland County, Michigan, according to the plat thereof recorded in Liber 22 of Plats, Page 10, Oakland County Records. Interested Parties: Caroline (Wittman) Schweizer, 21511 Middlebelt, Farmington, Michigan. Stecker and Huff, Inc., 5 West Larned Street, Detroit, Michigan. Subject to tax interests of Auditor General, State of Michigan, Lansing, Michigan. PARCEL CONDEMN THE FEE

All of lots of Grand River Homes Subdivision of a part of the E 1/2 of Sec. 35, T1N, R9E, Farmington Twp., Oakland County, Michigan, according to the plat thereof recorded in Liber 22 of Plats, Page 10, Oakland County Records. Interested Parties: Caroline (Wittman) Schweizer, 21511 Middlebelt, Farmington, Michigan. Stecker and Huff, Inc., 5 West Larned Street, Detroit, Michigan. Subject to tax interests of Auditor General, State of Michigan, Lansing, Michigan. PARCEL CONDEMN THE FEE

All of lots of Grand River Homes Subdivision of a part of the E 1/2 of Sec. 35, T1N, R9E, Farmington Twp., Oakland County, Michigan, according to the plat thereof recorded in Liber 22 of Plats, Page 10, Oakland County Records. Interested Parties: Caroline (Wittman) Schweizer, 21511 Middlebelt, Farmington, Michigan. Stecker and Huff, Inc., 5 West Larned Street, Detroit, Michigan. Subject to tax interests of Auditor General, State of Michigan, Lansing, Michigan. PARCEL CONDEMN THE FEE

All of lots of Grand River Homes Subdivision of a part of the E 1/2 of Sec. 35, T1N, R9E, Farmington Twp., Oakland County, Michigan, according to the plat thereof recorded in Liber 22 of Plats, Page 10, Oakland County Records. Interested Parties: Caroline (Wittman) Schweizer, 21511 Middlebelt, Farmington, Michigan. Stecker and Huff, Inc., 5 West Larned Street, Detroit, Michigan. Subject to tax interests of Auditor General, State of Michigan, Lansing, Michigan. PARCEL CONDEMN THE FEE

All of lots of Grand River Homes Subdivision of a part of the E 1/2 of Sec. 35, T1N, R9E, Farmington Twp., Oakland County, Michigan, according to the plat thereof recorded in Liber 22 of Plats, Page 10, Oakland County Records. Interested Parties: Caroline (Wittman) Schweizer, 21511 Middlebelt, Farmington, Michigan. Stecker and Huff, Inc., 5 West Larned Street, Detroit, Michigan. Subject to tax interests of Auditor General, State of Michigan, Lansing, Michigan. PARCEL CONDEMN THE FEE

All of lots of Grand River Homes Subdivision of a part of the E 1/2 of Sec. 35, T1N, R9E, Farmington Twp., Oakland County, Michigan, according to the plat thereof recorded in Liber 22 of Plats, Page 10, Oakland County Records. Interested Parties: Caroline (Wittman) Schweizer, 21511 Middlebelt, Farmington, Michigan. Stecker and Huff, Inc., 5 West Larned Street, Detroit, Michigan. Subject to tax interests of Auditor General, State of Michigan, Lansing, Michigan. PARCEL CONDEMN THE FEE

All of lots of Grand River Homes Subdivision of a part of the E 1/2 of Sec. 35, T1N, R9E, Farmington Twp., Oakland County, Michigan, according to the plat thereof recorded in Liber 22 of Plats, Page 10, Oakland County Records. Interested Parties: Caroline (Wittman) Schweizer, 21511 Middlebelt, Farmington, Michigan. Stecker and Huff, Inc., 5 West Larned Street, Detroit, Michigan. Subject to tax interests of Auditor General, State of Michigan, Lansing, Michigan. PARCEL CONDEMN THE FEE
